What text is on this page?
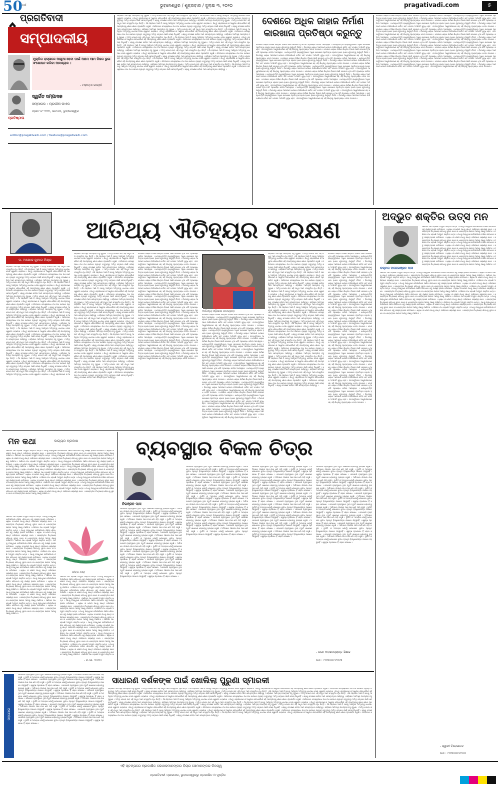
50 ବର୍ଷ	ଭୁବନେଶ୍ୱର / ଶୁକ୍ରବାର / ଜୁଲାଇ ୩, ୨୦୨୦	pragativadi.com	୫
ପ୍ରଗତିବାଦୀ
ସମ୍ପାଦକୀୟ
ମୁକ୍ତିର ରାସ୍ତାରେ ଆଗୁଆ ହେବା ପାଇଁ ଆମେ ଆମ ନିଜର ଭୁଲ ସଂଶୋଧନ କରିବା ଆବଶ୍ୟକ ।
- ମହାତ୍ମା ଗାନ୍ଧୀ
ପ୍ରତିଷ୍ଠାତା
ସ୍ୱର୍ଗତ ସମ୍ପାଦକ
ସମ୍ପାଦକ : ପ୍ରଦୀପ ନାଏକ
ପ୍ଲଟ ନଂ ୧୭୭, ଜନପଥ, ଭୁବନେଶ୍ୱର
editor@pragativadi.com / feature@pragativadi.com
ଓଡ଼ିଶାର ଆତିଥ୍ୟ ପରମ୍ପରା ବହୁ ପୁରୁଣା । ଅତିଥି ଦେବୋ ଭବ ଏହି ମନ୍ତ୍ର ଆମ ସଂସ୍କୃତିର ମୂଳ ଭିତ୍ତି । ଗାଁ ଗହଳିରେ ଆଜି ବି ଘରକୁ ଆସିଥିବା ଅତିଥିଙ୍କୁ ଜଳପାନ ଦେଇ ସ୍ୱାଗତ କରାଯାଏ । କିନ୍ତୁ ସହରୀକରଣ ଓ ଆଧୁନିକ ଜୀବନଶୈଳୀ ଏହି ପରମ୍ପରାକୁ ଧୀରେ ଧୀରେ ପ୍ରଭାବିତ କରୁଛି । ପରିବାରର ସଦସ୍ୟମାନେ ନିଜ ନିଜ କାମରେ ବ୍ୟସ୍ତ ରହୁଥିବାରୁ ଅତିଥି ସତ୍କାର ପାଇଁ ସମୟ ମିଳୁନାହିଁ । ଏହାକୁ ସଂରକ୍ଷଣ କରିବା ଆମ ସମସ୍ତଙ୍କର ଦାୟିତ୍ୱ । ଓଡ଼ିଶାର ଆତିଥ୍ୟ ପରମ୍ପରା ବହୁ ପୁରୁଣା । ଅତିଥି ଦେବୋ ଭବ ଏହି ମନ୍ତ୍ର ଆମ ସଂସ୍କୃତିର ମୂଳ ଭିତ୍ତି । ଗାଁ ଗହଳିରେ ଆଜି ବି ଘରକୁ ଆସିଥିବା ଅତିଥିଙ୍କୁ ଜଳପାନ ଦେଇ ସ୍ୱାଗତ କରାଯାଏ । କିନ୍ତୁ ସହରୀକରଣ ଓ ଆଧୁନିକ ଜୀବନଶୈଳୀ ଏହି ପରମ୍ପରାକୁ ଧୀରେ ଧୀରେ ପ୍ରଭାବିତ କରୁଛି । ପରିବାରର ସଦସ୍ୟମାନେ ନିଜ ନିଜ କାମରେ ବ୍ୟସ୍ତ ରହୁଥିବାରୁ ଅତିଥି ସତ୍କାର ପାଇଁ ସମୟ ମିଳୁନାହିଁ । ଏହାକୁ ସଂରକ୍ଷଣ କରିବା ଆମ ସମସ୍ତଙ୍କର ଦାୟିତ୍ୱ । ଓଡ଼ିଶାର ଆତିଥ୍ୟ ପରମ୍ପରା ବହୁ ପୁରୁଣା । ଅତିଥି ଦେବୋ ଭବ ଏହି ମନ୍ତ୍ର ଆମ ସଂସ୍କୃତିର ମୂଳ ଭିତ୍ତି । ଗାଁ ଗହଳିରେ ଆଜି ବି ଘରକୁ ଆସିଥିବା ଅତିଥିଙ୍କୁ ଜଳପାନ ଦେଇ ସ୍ୱାଗତ କରାଯାଏ । କିନ୍ତୁ ସହରୀକରଣ ଓ ଆଧୁନିକ ଜୀବନଶୈଳୀ ଏହି ପରମ୍ପରାକୁ ଧୀରେ ଧୀରେ ପ୍ରଭାବିତ କରୁଛି । ପରିବାରର ସଦସ୍ୟମାନେ ନିଜ ନିଜ କାମରେ ବ୍ୟସ୍ତ ରହୁଥିବାରୁ ଅତିଥି ସତ୍କାର ପାଇଁ ସମୟ ମିଳୁନାହିଁ । ଏହାକୁ ସଂରକ୍ଷଣ କରିବା ଆମ ସମସ୍ତଙ୍କର ଦାୟିତ୍ୱ । ଓଡ଼ିଶାର ଆତିଥ୍ୟ ପରମ୍ପରା ବହୁ ପୁରୁଣା । ଅତିଥି ଦେବୋ ଭବ ଏହି ମନ୍ତ୍ର ଆମ ସଂସ୍କୃତିର ମୂଳ ଭିତ୍ତି । ଗାଁ ଗହଳିରେ ଆଜି ବି ଘରକୁ ଆସିଥିବା ଅତିଥିଙ୍କୁ ଜଳପାନ ଦେଇ ସ୍ୱାଗତ କରାଯାଏ । କିନ୍ତୁ ସହରୀକରଣ ଓ ଆଧୁନିକ ଜୀବନଶୈଳୀ ଏହି ପରମ୍ପରାକୁ ଧୀରେ ଧୀରେ ପ୍ରଭାବିତ କରୁଛି । ପରିବାରର ସଦସ୍ୟମାନେ ନିଜ ନିଜ କାମରେ ବ୍ୟସ୍ତ ରହୁଥିବାରୁ ଅତିଥି ସତ୍କାର ପାଇଁ ସମୟ ମିଳୁନାହିଁ । ଏହାକୁ ସଂରକ୍ଷଣ କରିବା ଆମ ସମସ୍ତଙ୍କର ଦାୟିତ୍ୱ । ଓଡ଼ିଶାର ଆତିଥ୍ୟ ପରମ୍ପରା ବହୁ ପୁରୁଣା । ଅତିଥି ଦେବୋ ଭବ ଏହି ମନ୍ତ୍ର ଆମ ସଂସ୍କୃତିର ମୂଳ ଭିତ୍ତି । ଗାଁ ଗହଳିରେ ଆଜି ବି ଘରକୁ ଆସିଥିବା ଅତିଥିଙ୍କୁ ଜଳପାନ ଦେଇ ସ୍ୱାଗତ କରାଯାଏ । କିନ୍ତୁ ସହରୀକରଣ ଓ ଆଧୁନିକ ଜୀବନଶୈଳୀ ଏହି ପରମ୍ପରାକୁ ଧୀରେ ଧୀରେ ପ୍ରଭାବିତ କରୁଛି । ପରିବାରର ସଦସ୍ୟମାନେ ନିଜ ନିଜ କାମରେ ବ୍ୟସ୍ତ ରହୁଥିବାରୁ ଅତିଥି ସତ୍କାର ପାଇଁ ସମୟ ମିଳୁନାହିଁ । ଏହାକୁ ସଂରକ୍ଷଣ କରିବା ଆମ ସମସ୍ତଙ୍କର ଦାୟିତ୍ୱ । ଓଡ଼ିଶାର ଆତିଥ୍ୟ ପରମ୍ପରା ବହୁ ପୁରୁଣା । ଅତିଥି ଦେବୋ ଭବ ଏହି ମନ୍ତ୍ର ଆମ ସଂସ୍କୃତିର ମୂଳ ଭିତ୍ତି । ଗାଁ ଗହଳିରେ ଆଜି ବି ଘରକୁ ଆସିଥିବା ଅତିଥିଙ୍କୁ ଜଳପାନ ଦେଇ ସ୍ୱାଗତ କରାଯାଏ । କିନ୍ତୁ ସହରୀକରଣ ଓ ଆଧୁନିକ ଜୀବନଶୈଳୀ ଏହି ପରମ୍ପରାକୁ ଧୀରେ ଧୀରେ ପ୍ରଭାବିତ କରୁଛି । ପରିବାରର ସଦସ୍ୟମାନେ ନିଜ ନିଜ କାମରେ ବ୍ୟସ୍ତ ରହୁଥିବାରୁ ଅତିଥି ସତ୍କାର ପାଇଁ ସମୟ ମିଳୁନାହିଁ । ଏହାକୁ ସଂରକ୍ଷଣ କରିବା ଆମ ସମସ୍ତଙ୍କର ଦାୟିତ୍ୱ । ଓଡ଼ିଶାର ଆତିଥ୍ୟ ପରମ୍ପରା ବହୁ ପୁରୁଣା । ଅତିଥି ଦେବୋ ଭବ ଏହି ମନ୍ତ୍ର ଆମ ସଂସ୍କୃତିର ମୂଳ ଭିତ୍ତି । ଗାଁ ଗହଳିରେ ଆଜି ବି ଘରକୁ ଆସିଥିବା ଅତିଥିଙ୍କୁ ଜଳପାନ ଦେଇ ସ୍ୱାଗତ କରାଯାଏ । କିନ୍ତୁ ସହରୀକରଣ ଓ ଆଧୁନିକ ଜୀବନଶୈଳୀ ଏହି ପରମ୍ପରାକୁ ଧୀରେ ଧୀରେ ପ୍ରଭାବିତ କରୁଛି । ପରିବାରର ସଦସ୍ୟମାନେ ନିଜ ନିଜ କାମରେ ବ୍ୟସ୍ତ ରହୁଥିବାରୁ ଅତିଥି ସତ୍କାର ପାଇଁ ସମୟ ମିଳୁନାହିଁ । ଏହାକୁ ସଂରକ୍ଷଣ କରିବା ଆମ ସମସ୍ତଙ୍କର ଦାୟିତ୍ୱ । ଓଡ଼ିଶାର ଆତିଥ୍ୟ ପରମ୍ପରା ବହୁ ପୁରୁଣା । ଅତିଥି ଦେବୋ ଭବ ଏହି ମନ୍ତ୍ର ଆମ ସଂସ୍କୃତିର ମୂଳ ଭିତ୍ତି । ଗାଁ ଗହଳିରେ ଆଜି ବି ଘରକୁ ଆସିଥିବା ଅତିଥିଙ୍କୁ ଜଳପାନ ଦେଇ ସ୍ୱାଗତ କରାଯାଏ । କିନ୍ତୁ ସହରୀକରଣ ଓ ଆଧୁନିକ ଜୀବନଶୈଳୀ ଏହି ପରମ୍ପରାକୁ ଧୀରେ ଧୀରେ ପ୍ରଭାବିତ କରୁଛି । ପରିବାରର ସଦସ୍ୟମାନେ ନିଜ ନିଜ କାମରେ ବ୍ୟସ୍ତ ରହୁଥିବାରୁ ଅତିଥି ସତ୍କାର ପାଇଁ ସମୟ ମିଳୁନାହିଁ । ଏହାକୁ ସଂରକ୍ଷଣ କରିବା ଆମ ସମସ୍ତଙ୍କର ଦାୟିତ୍ୱ ।
ଦେଶରେ ଅଧିକ ଜାହାଜ ନିର୍ମାଣ
କାରଖାନା ପ୍ରତିଷ୍ଠା କରୁନ୍ତୁ
ଦେଶରେ ଜାହାଜ ନିର୍ମାଣ ଶିଳ୍ପର ବିକାଶ ପାଇଁ ସରକାର ନୂଆ ନୀତି ପ୍ରଣୟନ କରିବା ଆବଶ୍ୟକ । ଉପକୂଳବର୍ତ୍ତୀ ରାଜ୍ୟଗୁଡ଼ିକରେ ଅଧିକ କାରଖାନା ପ୍ରତିଷ୍ଠା ହେଲେ ହଜାର ହଜାର ଯୁବକଙ୍କୁ ନିଯୁକ୍ତି ମିଳିବ । ବିଦେଶରୁ ଜାହାଜ ଆମଦାନୀ ଉପରେ ନିର୍ଭରଶୀଳତା କମିବ ଏବଂ ଦେଶର ଅର୍ଥନୀତି ସୁଦୃଢ଼ ହେବ । ବନ୍ଦରଗୁଡ଼ିକର ଆଧୁନିକୀକରଣ ସହ ଏହି ଶିଳ୍ପକୁ ପ୍ରୋତ୍ସାହନ ଦେବା ଦରକାର । ଦେଶରେ ଜାହାଜ ନିର୍ମାଣ ଶିଳ୍ପର ବିକାଶ ପାଇଁ ସରକାର ନୂଆ ନୀତି ପ୍ରଣୟନ କରିବା ଆବଶ୍ୟକ । ଉପକୂଳବର୍ତ୍ତୀ ରାଜ୍ୟଗୁଡ଼ିକରେ ଅଧିକ କାରଖାନା ପ୍ରତିଷ୍ଠା ହେଲେ ହଜାର ହଜାର ଯୁବକଙ୍କୁ ନିଯୁକ୍ତି ମିଳିବ । ବିଦେଶରୁ ଜାହାଜ ଆମଦାନୀ ଉପରେ ନିର୍ଭରଶୀଳତା କମିବ ଏବଂ ଦେଶର ଅର୍ଥନୀତି ସୁଦୃଢ଼ ହେବ । ବନ୍ଦରଗୁଡ଼ିକର ଆଧୁନିକୀକରଣ ସହ ଏହି ଶିଳ୍ପକୁ ପ୍ରୋତ୍ସାହନ ଦେବା ଦରକାର । ଦେଶରେ ଜାହାଜ ନିର୍ମାଣ ଶିଳ୍ପର ବିକାଶ ପାଇଁ ସରକାର ନୂଆ ନୀତି ପ୍ରଣୟନ କରିବା ଆବଶ୍ୟକ । ଉପକୂଳବର୍ତ୍ତୀ ରାଜ୍ୟଗୁଡ଼ିକରେ ଅଧିକ କାରଖାନା ପ୍ରତିଷ୍ଠା ହେଲେ ହଜାର ହଜାର ଯୁବକଙ୍କୁ ନିଯୁକ୍ତି ମିଳିବ । ବିଦେଶରୁ ଜାହାଜ ଆମଦାନୀ ଉପରେ ନିର୍ଭରଶୀଳତା କମିବ ଏବଂ ଦେଶର ଅର୍ଥନୀତି ସୁଦୃଢ଼ ହେବ । ବନ୍ଦରଗୁଡ଼ିକର ଆଧୁନିକୀକରଣ ସହ ଏହି ଶିଳ୍ପକୁ ପ୍ରୋତ୍ସାହନ ଦେବା ଦରକାର । ଦେଶରେ ଜାହାଜ ନିର୍ମାଣ ଶିଳ୍ପର ବିକାଶ ପାଇଁ ସରକାର ନୂଆ ନୀତି ପ୍ରଣୟନ କରିବା ଆବଶ୍ୟକ । ଉପକୂଳବର୍ତ୍ତୀ ରାଜ୍ୟଗୁଡ଼ିକରେ ଅଧିକ କାରଖାନା ପ୍ରତିଷ୍ଠା ହେଲେ ହଜାର ହଜାର ଯୁବକଙ୍କୁ ନିଯୁକ୍ତି ମିଳିବ । ବିଦେଶରୁ ଜାହାଜ ଆମଦାନୀ ଉପରେ ନିର୍ଭରଶୀଳତା କମିବ ଏବଂ ଦେଶର ଅର୍ଥନୀତି ସୁଦୃଢ଼ ହେବ । ବନ୍ଦରଗୁଡ଼ିକର ଆଧୁନିକୀକରଣ ସହ ଏହି ଶିଳ୍ପକୁ ପ୍ରୋତ୍ସାହନ ଦେବା ଦରକାର । ଦେଶରେ ଜାହାଜ ନିର୍ମାଣ ଶିଳ୍ପର ବିକାଶ ପାଇଁ ସରକାର ନୂଆ ନୀତି ପ୍ରଣୟନ କରିବା ଆବଶ୍ୟକ । ଉପକୂଳବର୍ତ୍ତୀ ରାଜ୍ୟଗୁଡ଼ିକରେ ଅଧିକ କାରଖାନା ପ୍ରତିଷ୍ଠା ହେଲେ ହଜାର ହଜାର ଯୁବକଙ୍କୁ ନିଯୁକ୍ତି ମିଳିବ । ବିଦେଶରୁ ଜାହାଜ ଆମଦାନୀ ଉପରେ ନିର୍ଭରଶୀଳତା କମିବ ଏବଂ ଦେଶର ଅର୍ଥନୀତି ସୁଦୃଢ଼ ହେବ । ବନ୍ଦରଗୁଡ଼ିକର ଆଧୁନିକୀକରଣ ସହ ଏହି ଶିଳ୍ପକୁ ପ୍ରୋତ୍ସାହନ ଦେବା ଦରକାର । ଦେଶରେ ଜାହାଜ ନିର୍ମାଣ ଶିଳ୍ପର ବିକାଶ ପାଇଁ ସରକାର ନୂଆ ନୀତି ପ୍ରଣୟନ କରିବା ଆବଶ୍ୟକ । ଉପକୂଳବର୍ତ୍ତୀ ରାଜ୍ୟଗୁଡ଼ିକରେ ଅଧିକ କାରଖାନା ପ୍ରତିଷ୍ଠା ହେଲେ ହଜାର ହଜାର ଯୁବକଙ୍କୁ ନିଯୁକ୍ତି ମିଳିବ । ବିଦେଶରୁ ଜାହାଜ ଆମଦାନୀ ଉପରେ ନିର୍ଭରଶୀଳତା କମିବ ଏବଂ ଦେଶର ଅର୍ଥନୀତି ସୁଦୃଢ଼ ହେବ । ବନ୍ଦରଗୁଡ଼ିକର ଆଧୁନିକୀକରଣ ସହ ଏହି ଶିଳ୍ପକୁ ପ୍ରୋତ୍ସାହନ ଦେବା ଦରକାର । ଦେଶରେ ଜାହାଜ ନିର୍ମାଣ ଶିଳ୍ପର ବିକାଶ ପାଇଁ ସରକାର ନୂଆ ନୀତି ପ୍ରଣୟନ କରିବା ଆବଶ୍ୟକ । ଉପକୂଳବର୍ତ୍ତୀ ରାଜ୍ୟଗୁଡ଼ିକରେ ଅଧିକ କାରଖାନା ପ୍ରତିଷ୍ଠା ହେଲେ ହଜାର ହଜାର ଯୁବକଙ୍କୁ ନିଯୁକ୍ତି ମିଳିବ । ବିଦେଶରୁ ଜାହାଜ ଆମଦାନୀ ଉପରେ ନିର୍ଭରଶୀଳତା କମିବ ଏବଂ ଦେଶର ଅର୍ଥନୀତି ସୁଦୃଢ଼ ହେବ । ବନ୍ଦରଗୁଡ଼ିକର ଆଧୁନିକୀକରଣ ସହ ଏହି ଶିଳ୍ପକୁ ପ୍ରୋତ୍ସାହନ ଦେବା ଦରକାର । ଦେଶରେ ଜାହାଜ ନିର୍ମାଣ ଶିଳ୍ପର ବିକାଶ ପାଇଁ ସରକାର ନୂଆ ନୀତି ପ୍ରଣୟନ କରିବା ଆବଶ୍ୟକ । ଉପକୂଳବର୍ତ୍ତୀ ରାଜ୍ୟଗୁଡ଼ିକରେ ଅଧିକ କାରଖାନା ପ୍ରତିଷ୍ଠା ହେଲେ ହଜାର ହଜାର ଯୁବକଙ୍କୁ ନିଯୁକ୍ତି ମିଳିବ । ବିଦେଶରୁ ଜାହାଜ ଆମଦାନୀ ଉପରେ ନିର୍ଭରଶୀଳତା କମିବ ଏବଂ ଦେଶର ଅର୍ଥନୀତି ସୁଦୃଢ଼ ହେବ । ବନ୍ଦରଗୁଡ଼ିକର ଆଧୁନିକୀକରଣ ସହ ଏହି ଶିଳ୍ପକୁ ପ୍ରୋତ୍ସାହନ ଦେବା ଦରକାର ।
ଦେଶରେ ଜାହାଜ ନିର୍ମାଣ ଶିଳ୍ପର ବିକାଶ ପାଇଁ ସରକାର ନୂଆ ନୀତି ପ୍ରଣୟନ କରିବା ଆବଶ୍ୟକ । ଉପକୂଳବର୍ତ୍ତୀ ରାଜ୍ୟଗୁଡ଼ିକରେ ଅଧିକ କାରଖାନା ପ୍ରତିଷ୍ଠା ହେଲେ ହଜାର ହଜାର ଯୁବକଙ୍କୁ ନିଯୁକ୍ତି ମିଳିବ । ବିଦେଶରୁ ଜାହାଜ ଆମଦାନୀ ଉପରେ ନିର୍ଭରଶୀଳତା କମିବ ଏବଂ ଦେଶର ଅର୍ଥନୀତି ସୁଦୃଢ଼ ହେବ । ବନ୍ଦରଗୁଡ଼ିକର ଆଧୁନିକୀକରଣ ସହ ଏହି ଶିଳ୍ପକୁ ପ୍ରୋତ୍ସାହନ ଦେବା ଦରକାର । ଦେଶରେ ଜାହାଜ ନିର୍ମାଣ ଶିଳ୍ପର ବିକାଶ ପାଇଁ ସରକାର ନୂଆ ନୀତି ପ୍ରଣୟନ କରିବା ଆବଶ୍ୟକ । ଉପକୂଳବର୍ତ୍ତୀ ରାଜ୍ୟଗୁଡ଼ିକରେ ଅଧିକ କାରଖାନା ପ୍ରତିଷ୍ଠା ହେଲେ ହଜାର ହଜାର ଯୁବକଙ୍କୁ ନିଯୁକ୍ତି ମିଳିବ । ବିଦେଶରୁ ଜାହାଜ ଆମଦାନୀ ଉପରେ ନିର୍ଭରଶୀଳତା କମିବ ଏବଂ ଦେଶର ଅର୍ଥନୀତି ସୁଦୃଢ଼ ହେବ । ବନ୍ଦରଗୁଡ଼ିକର ଆଧୁନିକୀକରଣ ସହ ଏହି ଶିଳ୍ପକୁ ପ୍ରୋତ୍ସାହନ ଦେବା ଦରକାର । ଦେଶରେ ଜାହାଜ ନିର୍ମାଣ ଶିଳ୍ପର ବିକାଶ ପାଇଁ ସରକାର ନୂଆ ନୀତି ପ୍ରଣୟନ କରିବା ଆବଶ୍ୟକ । ଉପକୂଳବର୍ତ୍ତୀ ରାଜ୍ୟଗୁଡ଼ିକରେ ଅଧିକ କାରଖାନା ପ୍ରତିଷ୍ଠା ହେଲେ ହଜାର ହଜାର ଯୁବକଙ୍କୁ ନିଯୁକ୍ତି ମିଳିବ । ବିଦେଶରୁ ଜାହାଜ ଆମଦାନୀ ଉପରେ ନିର୍ଭରଶୀଳତା କମିବ ଏବଂ ଦେଶର ଅର୍ଥନୀତି ସୁଦୃଢ଼ ହେବ । ବନ୍ଦରଗୁଡ଼ିକର ଆଧୁନିକୀକରଣ ସହ ଏହି ଶିଳ୍ପକୁ ପ୍ରୋତ୍ସାହନ ଦେବା ଦରକାର । ଦେଶରେ ଜାହାଜ ନିର୍ମାଣ ଶିଳ୍ପର ବିକାଶ ପାଇଁ ସରକାର ନୂଆ ନୀତି ପ୍ରଣୟନ କରିବା ଆବଶ୍ୟକ । ଉପକୂଳବର୍ତ୍ତୀ ରାଜ୍ୟଗୁଡ଼ିକରେ ଅଧିକ କାରଖାନା ପ୍ରତିଷ୍ଠା ହେଲେ ହଜାର ହଜାର ଯୁବକଙ୍କୁ ନିଯୁକ୍ତି ମିଳିବ । ବିଦେଶରୁ ଜାହାଜ ଆମଦାନୀ ଉପରେ ନିର୍ଭରଶୀଳତା କମିବ ଏବଂ ଦେଶର ଅର୍ଥନୀତି ସୁଦୃଢ଼ ହେବ । ବନ୍ଦରଗୁଡ଼ିକର ଆଧୁନିକୀକରଣ ସହ ଏହି ଶିଳ୍ପକୁ ପ୍ରୋତ୍ସାହନ ଦେବା ଦରକାର । ଦେଶରେ ଜାହାଜ ନିର୍ମାଣ ଶିଳ୍ପର ବିକାଶ ପାଇଁ ସରକାର ନୂଆ ନୀତି ପ୍ରଣୟନ କରିବା ଆବଶ୍ୟକ । ଉପକୂଳବର୍ତ୍ତୀ ରାଜ୍ୟଗୁଡ଼ିକରେ ଅଧିକ କାରଖାନା ପ୍ରତିଷ୍ଠା ହେଲେ ହଜାର ହଜାର ଯୁବକଙ୍କୁ ନିଯୁକ୍ତି ମିଳିବ । ବିଦେଶରୁ ଜାହାଜ ଆମଦାନୀ ଉପରେ ନିର୍ଭରଶୀଳତା କମିବ ଏବଂ ଦେଶର ଅର୍ଥନୀତି ସୁଦୃଢ଼ ହେବ । ବନ୍ଦରଗୁଡ଼ିକର ଆଧୁନିକୀକରଣ ସହ ଏହି ଶିଳ୍ପକୁ ପ୍ରୋତ୍ସାହନ ଦେବା ଦରକାର । ଦେଶରେ ଜାହାଜ ନିର୍ମାଣ ଶିଳ୍ପର ବିକାଶ ପାଇଁ ସରକାର ନୂଆ ନୀତି ପ୍ରଣୟନ କରିବା ଆବଶ୍ୟକ । ଉପକୂଳବର୍ତ୍ତୀ ରାଜ୍ୟଗୁଡ଼ିକରେ ଅଧିକ କାରଖାନା ପ୍ରତିଷ୍ଠା ହେଲେ ହଜାର ହଜାର ଯୁବକଙ୍କୁ ନିଯୁକ୍ତି ମିଳିବ । ବିଦେଶରୁ ଜାହାଜ ଆମଦାନୀ ଉପରେ ନିର୍ଭରଶୀଳତା କମିବ ଏବଂ ଦେଶର ଅର୍ଥନୀତି ସୁଦୃଢ଼ ହେବ । ବନ୍ଦରଗୁଡ଼ିକର ଆଧୁନିକୀକରଣ ସହ ଏହି ଶିଳ୍ପକୁ ପ୍ରୋତ୍ସାହନ ଦେବା ଦରକାର । ଦେଶରେ ଜାହାଜ ନିର୍ମାଣ ଶିଳ୍ପର ବିକାଶ ପାଇଁ ସରକାର ନୂଆ ନୀତି ପ୍ରଣୟନ କରିବା ଆବଶ୍ୟକ । ଉପକୂଳବର୍ତ୍ତୀ ରାଜ୍ୟଗୁଡ଼ିକରେ ଅଧିକ କାରଖାନା ପ୍ରତିଷ୍ଠା ହେଲେ ହଜାର ହଜାର ଯୁବକଙ୍କୁ ନିଯୁକ୍ତି ମିଳିବ । ବିଦେଶରୁ ଜାହାଜ ଆମଦାନୀ ଉପରେ ନିର୍ଭରଶୀଳତା କମିବ ଏବଂ ଦେଶର ଅର୍ଥନୀତି ସୁଦୃଢ଼ ହେବ । ବନ୍ଦରଗୁଡ଼ିକର ଆଧୁନିକୀକରଣ ସହ ଏହି ଶିଳ୍ପକୁ ପ୍ରୋତ୍ସାହନ ଦେବା ଦରକାର । ଦେଶରେ ଜାହାଜ ନିର୍ମାଣ ଶିଳ୍ପର ବିକାଶ ପାଇଁ ସରକାର ନୂଆ ନୀତି ପ୍ରଣୟନ କରିବା ଆବଶ୍ୟକ । ଉପକୂଳବର୍ତ୍ତୀ ରାଜ୍ୟଗୁଡ଼ିକରେ ଅଧିକ କାରଖାନା ପ୍ରତିଷ୍ଠା ହେଲେ ହଜାର ହଜାର ଯୁବକଙ୍କୁ ନିଯୁକ୍ତି ମିଳିବ । ବିଦେଶରୁ ଜାହାଜ ଆମଦାନୀ ଉପରେ ନିର୍ଭରଶୀଳତା କମିବ ଏବଂ ଦେଶର ଅର୍ଥନୀତି ସୁଦୃଢ଼ ହେବ । ବନ୍ଦରଗୁଡ଼ିକର ଆଧୁନିକୀକରଣ ସହ ଏହି ଶିଳ୍ପକୁ ପ୍ରୋତ୍ସାହନ ଦେବା ଦରକାର ।
ଡ. ଅଶୋକ କୁମାର ମିଶ୍ର
ଆତିଥ୍ୟ ଐତିହ୍ୟର ସଂରକ୍ଷଣ
ଓଡ଼ିଶାର ଆତିଥ୍ୟ ପରମ୍ପରା ବହୁ ପୁରୁଣା । ଅତିଥି ଦେବୋ ଭବ ଏହି ମନ୍ତ୍ର ଆମ ସଂସ୍କୃତିର ମୂଳ ଭିତ୍ତି । ଗାଁ ଗହଳିରେ ଆଜି ବି ଘରକୁ ଆସିଥିବା ଅତିଥିଙ୍କୁ ଜଳପାନ ଦେଇ ସ୍ୱାଗତ କରାଯାଏ । କିନ୍ତୁ ସହରୀକରଣ ଓ ଆଧୁନିକ ଜୀବନଶୈଳୀ ଏହି ପରମ୍ପରାକୁ ଧୀରେ ଧୀରେ ପ୍ରଭାବିତ କରୁଛି । ପରିବାରର ସଦସ୍ୟମାନେ ନିଜ ନିଜ କାମରେ ବ୍ୟସ୍ତ ରହୁଥିବାରୁ ଅତିଥି ସତ୍କାର ପାଇଁ ସମୟ ମିଳୁନାହିଁ । ଏହାକୁ ସଂରକ୍ଷଣ କରିବା ଆମ ସମସ୍ତଙ୍କର ଦାୟିତ୍ୱ । ଓଡ଼ିଶାର ଆତିଥ୍ୟ ପରମ୍ପରା ବହୁ ପୁରୁଣା । ଅତିଥି ଦେବୋ ଭବ ଏହି ମନ୍ତ୍ର ଆମ ସଂସ୍କୃତିର ମୂଳ ଭିତ୍ତି । ଗାଁ ଗହଳିରେ ଆଜି ବି ଘରକୁ ଆସିଥିବା ଅତିଥିଙ୍କୁ ଜଳପାନ ଦେଇ ସ୍ୱାଗତ କରାଯାଏ । କିନ୍ତୁ ସହରୀକରଣ ଓ ଆଧୁନିକ ଜୀବନଶୈଳୀ ଏହି ପରମ୍ପରାକୁ ଧୀରେ ଧୀରେ ପ୍ରଭାବିତ କରୁଛି । ପରିବାରର ସଦସ୍ୟମାନେ ନିଜ ନିଜ କାମରେ ବ୍ୟସ୍ତ ରହୁଥିବାରୁ ଅତିଥି ସତ୍କାର ପାଇଁ ସମୟ ମିଳୁନାହିଁ । ଏହାକୁ ସଂରକ୍ଷଣ କରିବା ଆମ ସମସ୍ତଙ୍କର ଦାୟିତ୍ୱ । ଓଡ଼ିଶାର ଆତିଥ୍ୟ ପରମ୍ପରା ବହୁ ପୁରୁଣା । ଅତିଥି ଦେବୋ ଭବ ଏହି ମନ୍ତ୍ର ଆମ ସଂସ୍କୃତିର ମୂଳ ଭିତ୍ତି । ଗାଁ ଗହଳିରେ ଆଜି ବି ଘରକୁ ଆସିଥିବା ଅତିଥିଙ୍କୁ ଜଳପାନ ଦେଇ ସ୍ୱାଗତ କରାଯାଏ । କିନ୍ତୁ ସହରୀକରଣ ଓ ଆଧୁନିକ ଜୀବନଶୈଳୀ ଏହି ପରମ୍ପରାକୁ ଧୀରେ ଧୀରେ ପ୍ରଭାବିତ କରୁଛି । ପରିବାରର ସଦସ୍ୟମାନେ ନିଜ ନିଜ କାମରେ ବ୍ୟସ୍ତ ରହୁଥିବାରୁ ଅତିଥି ସତ୍କାର ପାଇଁ ସମୟ ମିଳୁନାହିଁ । ଏହାକୁ ସଂରକ୍ଷଣ କରିବା ଆମ ସମସ୍ତଙ୍କର ଦାୟିତ୍ୱ । ଓଡ଼ିଶାର ଆତିଥ୍ୟ ପରମ୍ପରା ବହୁ ପୁରୁଣା । ଅତିଥି ଦେବୋ ଭବ ଏହି ମନ୍ତ୍ର ଆମ ସଂସ୍କୃତିର ମୂଳ ଭିତ୍ତି । ଗାଁ ଗହଳିରେ ଆଜି ବି ଘରକୁ ଆସିଥିବା ଅତିଥିଙ୍କୁ ଜଳପାନ ଦେଇ ସ୍ୱାଗତ କରାଯାଏ । କିନ୍ତୁ ସହରୀକରଣ ଓ ଆଧୁନିକ ଜୀବନଶୈଳୀ ଏହି ପରମ୍ପରାକୁ ଧୀରେ ଧୀରେ ପ୍ରଭାବିତ କରୁଛି । ପରିବାରର ସଦସ୍ୟମାନେ ନିଜ ନିଜ କାମରେ ବ୍ୟସ୍ତ ରହୁଥିବାରୁ ଅତିଥି ସତ୍କାର ପାଇଁ ସମୟ ମିଳୁନାହିଁ । ଏହାକୁ ସଂରକ୍ଷଣ କରିବା ଆମ ସମସ୍ତଙ୍କର ଦାୟିତ୍ୱ । ଓଡ଼ିଶାର ଆତିଥ୍ୟ ପରମ୍ପରା ବହୁ ପୁରୁଣା । ଅତିଥି ଦେବୋ ଭବ ଏହି ମନ୍ତ୍ର ଆମ ସଂସ୍କୃତିର ମୂଳ ଭିତ୍ତି । ଗାଁ ଗହଳିରେ ଆଜି ବି ଘରକୁ ଆସିଥିବା ଅତିଥିଙ୍କୁ ଜଳପାନ ଦେଇ ସ୍ୱାଗତ କରାଯାଏ । କିନ୍ତୁ ସହରୀକରଣ ଓ ଆଧୁନିକ ଜୀବନଶୈଳୀ ଏହି ପରମ୍ପରାକୁ ଧୀରେ ଧୀରେ ପ୍ରଭାବିତ କରୁଛି । ପରିବାରର ସଦସ୍ୟମାନେ ନିଜ ନିଜ କାମରେ ବ୍ୟସ୍ତ ରହୁଥିବାରୁ ଅତିଥି ସତ୍କାର ପାଇଁ ସମୟ ମିଳୁନାହିଁ । ଏହାକୁ ସଂରକ୍ଷଣ କରିବା ଆମ ସମସ୍ତଙ୍କର ଦାୟିତ୍ୱ । ଓଡ଼ିଶାର ଆତିଥ୍ୟ ପରମ୍ପରା ବହୁ ପୁରୁଣା । ଅତିଥି ଦେବୋ ଭବ ଏହି ମନ୍ତ୍ର ଆମ ସଂସ୍କୃତିର ମୂଳ ଭିତ୍ତି । ଗାଁ ଗହଳିରେ ଆଜି ବି ଘରକୁ ଆସିଥିବା ଅତିଥିଙ୍କୁ ଜଳପାନ ଦେଇ ସ୍ୱାଗତ କରାଯାଏ । କିନ୍ତୁ ସହରୀକରଣ ଓ ଆଧୁନିକ ଜୀବନଶୈଳୀ ଏହି ପରମ୍ପରାକୁ ଧୀରେ ଧୀରେ ପ୍ରଭାବିତ କରୁଛି । ପରିବାରର ସଦସ୍ୟମାନେ ନିଜ ନିଜ କାମରେ ବ୍ୟସ୍ତ ରହୁଥିବାରୁ ଅତିଥି ସତ୍କାର ପାଇଁ ସମୟ ମିଳୁନାହିଁ । ଏହାକୁ ସଂରକ୍ଷଣ କରିବା ଆମ ସମସ୍ତଙ୍କର ଦାୟିତ୍ୱ । ଓଡ଼ିଶାର ଆତିଥ୍ୟ ପରମ୍ପରା ବହୁ ପୁରୁଣା । ଅତିଥି ଦେବୋ ଭବ ଏହି ମନ୍ତ୍ର ଆମ ସଂସ୍କୃତିର ମୂଳ ଭିତ୍ତି । ଗାଁ ଗହଳିରେ ଆଜି ବି ଘରକୁ ଆସିଥିବା ଅତିଥିଙ୍କୁ ଜଳପାନ ଦେଇ ସ୍ୱାଗତ କରାଯାଏ । କିନ୍ତୁ ସହରୀକରଣ ଓ ଆଧୁନିକ ଜୀବନଶୈଳୀ ଏହି ପରମ୍ପରାକୁ ଧୀରେ ଧୀରେ ପ୍ରଭାବିତ କରୁଛି । ପରିବାରର ସଦସ୍ୟମାନେ ନିଜ ନିଜ କାମରେ ବ୍ୟସ୍ତ ରହୁଥିବାରୁ ଅତିଥି ସତ୍କାର ପାଇଁ ସମୟ ମିଳୁନାହିଁ । ଏହାକୁ ସଂରକ୍ଷଣ କରିବା ଆମ ସମସ୍ତଙ୍କର ଦାୟିତ୍ୱ । ଓଡ଼ିଶାର ଆତିଥ୍ୟ ପରମ୍ପରା ବହୁ ପୁରୁଣା । ଅତିଥି ଦେବୋ ଭବ ଏହି ମନ୍ତ୍ର ଆମ ସଂସ୍କୃତିର ମୂଳ ଭିତ୍ତି । ଗାଁ ଗହଳିରେ ଆଜି ବି ଘରକୁ ଆସିଥିବା ଅତିଥିଙ୍କୁ ଜଳପାନ ଦେଇ ସ୍ୱାଗତ କରାଯାଏ । କିନ୍ତୁ ସହରୀକରଣ ଓ ଆ
ଓଡ଼ିଶାର ଆତିଥ୍ୟ ପରମ୍ପରା ବହୁ ପୁରୁଣା । ଅତିଥି ଦେବୋ ଭବ ଏହି ମନ୍ତ୍ର ଆମ ସଂସ୍କୃତିର ମୂଳ ଭିତ୍ତି । ଗାଁ ଗହଳିରେ ଆଜି ବି ଘରକୁ ଆସିଥିବା ଅତିଥିଙ୍କୁ ଜଳପାନ ଦେଇ ସ୍ୱାଗତ କରାଯାଏ । କିନ୍ତୁ ସହରୀକରଣ ଓ ଆଧୁନିକ ଜୀବନଶୈଳୀ ଏହି ପରମ୍ପରାକୁ ଧୀରେ ଧୀରେ ପ୍ରଭାବିତ କରୁଛି । ପରିବାରର ସଦସ୍ୟମାନେ ନିଜ ନିଜ କାମରେ ବ୍ୟସ୍ତ ରହୁଥିବାରୁ ଅତିଥି ସତ୍କାର ପାଇଁ ସମୟ ମିଳୁନାହିଁ । ଏହାକୁ ସଂରକ୍ଷଣ କରିବା ଆମ ସମସ୍ତଙ୍କର ଦାୟିତ୍ୱ । ଓଡ଼ିଶାର ଆତିଥ୍ୟ ପରମ୍ପରା ବହୁ ପୁରୁଣା । ଅତିଥି ଦେବୋ ଭବ ଏହି ମନ୍ତ୍ର ଆମ ସଂସ୍କୃତିର ମୂଳ ଭିତ୍ତି । ଗାଁ ଗହଳିରେ ଆଜି ବି ଘରକୁ ଆସିଥିବା ଅତିଥିଙ୍କୁ ଜଳପାନ ଦେଇ ସ୍ୱାଗତ କରାଯାଏ । କିନ୍ତୁ ସହରୀକରଣ ଓ ଆଧୁନିକ ଜୀବନଶୈଳୀ ଏହି ପରମ୍ପରାକୁ ଧୀରେ ଧୀରେ ପ୍ରଭାବିତ କରୁଛି । ପରିବାରର ସଦସ୍ୟମାନେ ନିଜ ନିଜ କାମରେ ବ୍ୟସ୍ତ ରହୁଥିବାରୁ ଅତିଥି ସତ୍କାର ପାଇଁ ସମୟ ମିଳୁନାହିଁ । ଏହାକୁ ସଂରକ୍ଷଣ କରିବା ଆମ ସମସ୍ତଙ୍କର ଦାୟିତ୍ୱ । ଓଡ଼ିଶାର ଆତିଥ୍ୟ ପରମ୍ପରା ବହୁ ପୁରୁଣା । ଅତିଥି ଦେବୋ ଭବ ଏହି ମନ୍ତ୍ର ଆମ ସଂସ୍କୃତିର ମୂଳ ଭିତ୍ତି । ଗାଁ ଗହଳିରେ ଆଜି ବି ଘରକୁ ଆସିଥିବା ଅତିଥିଙ୍କୁ ଜଳପାନ ଦେଇ ସ୍ୱାଗତ କରାଯାଏ । କିନ୍ତୁ ସହରୀକରଣ ଓ ଆଧୁନିକ ଜୀବନଶୈଳୀ ଏହି ପରମ୍ପରାକୁ ଧୀରେ ଧୀରେ ପ୍ରଭାବିତ କରୁଛି । ପରିବାରର ସଦସ୍ୟମାନେ ନିଜ ନିଜ କାମରେ ବ୍ୟସ୍ତ ରହୁଥିବାରୁ ଅତିଥି ସତ୍କାର ପାଇଁ ସମୟ ମିଳୁନାହିଁ । ଏହାକୁ ସଂରକ୍ଷଣ କରିବା ଆମ ସମସ୍ତଙ୍କର ଦାୟିତ୍ୱ । ଓଡ଼ିଶାର ଆତିଥ୍ୟ ପରମ୍ପରା ବହୁ ପୁରୁଣା । ଅତିଥି ଦେବୋ ଭବ ଏହି ମନ୍ତ୍ର ଆମ ସଂସ୍କୃତିର ମୂଳ ଭିତ୍ତି । ଗାଁ ଗହଳିରେ ଆଜି ବି ଘରକୁ ଆସିଥିବା ଅତିଥିଙ୍କୁ ଜଳପାନ ଦେଇ ସ୍ୱାଗତ କରାଯାଏ । କିନ୍ତୁ ସହରୀକରଣ ଓ ଆଧୁନିକ ଜୀବନଶୈଳୀ ଏହି ପରମ୍ପରାକୁ ଧୀରେ ଧୀରେ ପ୍ରଭାବିତ କରୁଛି । ପରିବାରର ସଦସ୍ୟମାନେ ନିଜ ନିଜ କାମରେ ବ୍ୟସ୍ତ ରହୁଥିବାରୁ ଅତିଥି ସତ୍କାର ପାଇଁ ସମୟ ମିଳୁନାହିଁ । ଏହାକୁ ସଂରକ୍ଷଣ କରିବା ଆମ ସମସ୍ତଙ୍କର ଦାୟିତ୍ୱ । ଓଡ଼ିଶାର ଆତିଥ୍ୟ ପରମ୍ପରା ବହୁ ପୁରୁଣା । ଅତିଥି ଦେବୋ ଭବ ଏହି ମନ୍ତ୍ର ଆମ ସଂସ୍କୃତିର ମୂଳ ଭିତ୍ତି । ଗାଁ ଗହଳିରେ ଆଜି ବି ଘରକୁ ଆସିଥିବା ଅତିଥିଙ୍କୁ ଜଳପାନ ଦେଇ ସ୍ୱାଗତ କରାଯାଏ । କିନ୍ତୁ ସହରୀକରଣ ଓ ଆଧୁନିକ ଜୀବନଶୈଳୀ ଏହି ପରମ୍ପରାକୁ ଧୀରେ ଧୀରେ ପ୍ରଭାବିତ କରୁଛି । ପରିବାରର ସଦସ୍ୟମାନେ ନିଜ ନିଜ କାମରେ ବ୍ୟସ୍ତ ରହୁଥିବାରୁ ଅତିଥି ସତ୍କାର ପାଇଁ ସମୟ ମିଳୁନାହିଁ । ଏହାକୁ ସଂରକ୍ଷଣ କରିବା ଆମ ସମସ୍ତଙ୍କର ଦାୟିତ୍ୱ । ଓଡ଼ିଶାର ଆତିଥ୍ୟ ପରମ୍ପରା ବହୁ ପୁରୁଣା । ଅତିଥି ଦେବୋ ଭବ ଏହି ମନ୍ତ୍ର ଆମ ସଂସ୍କୃତିର ମୂଳ ଭିତ୍ତି । ଗାଁ ଗହଳିରେ ଆଜି ବି ଘରକୁ ଆସିଥିବା ଅତିଥିଙ୍କୁ ଜଳପାନ ଦେଇ ସ୍ୱାଗତ କରାଯାଏ । କିନ୍ତୁ ସହରୀକରଣ ଓ ଆଧୁନିକ ଜୀବନଶୈଳୀ ଏହି ପରମ୍ପରାକୁ ଧୀରେ ଧୀରେ ପ୍ରଭାବିତ କରୁଛି । ପରିବାରର ସଦସ୍ୟମାନେ ନିଜ ନିଜ କାମରେ ବ୍ୟସ୍ତ ରହୁଥିବାରୁ ଅତିଥି ସତ୍କାର ପାଇଁ ସମୟ ମିଳୁନାହିଁ । ଏହାକୁ ସଂରକ୍ଷଣ କରିବା ଆମ ସମସ୍ତଙ୍କର ଦାୟିତ୍ୱ । ଓଡ଼ିଶାର ଆତିଥ୍ୟ ପରମ୍ପରା ବହୁ ପୁରୁଣା । ଅତିଥି ଦେବୋ ଭବ ଏହି ମନ୍ତ୍ର ଆମ ସଂସ୍କୃତିର ମୂଳ ଭିତ୍ତି । ଗାଁ ଗହଳିରେ ଆଜି ବି ଘରକୁ ଆସିଥିବା ଅତିଥିଙ୍କୁ ଜଳପାନ ଦେଇ ସ୍ୱାଗତ କରାଯାଏ । କିନ୍ତୁ ସହରୀକରଣ ଓ ଆଧୁନିକ ଜୀବନଶୈଳୀ ଏହି ପରମ୍ପରାକୁ ଧୀରେ ଧୀରେ ପ୍ରଭାବିତ କରୁଛି । ପରିବାରର ସଦସ୍ୟମାନେ ନିଜ ନିଜ କାମରେ ବ୍ୟସ୍ତ ରହୁଥିବାରୁ ଅତିଥି ସତ୍କାର ପାଇଁ ସମୟ ମିଳୁନାହିଁ । ଏହାକୁ ସଂରକ୍ଷଣ କରିବା ଆମ ସମସ୍ତଙ୍କର ଦାୟିତ୍ୱ । ଓଡ଼ିଶାର ଆତିଥ୍ୟ ପରମ୍ପରା ବହୁ ପୁରୁଣା । ଅତିଥି ଦେବୋ ଭବ ଏହି ମନ୍ତ୍ର ଆମ ସଂସ୍କୃତିର ମୂଳ ଭିତ୍ତି । ଗାଁ ଗହଳିରେ ଆଜି ବି ଘରକୁ ଆସିଥିବା ଅତିଥିଙ୍କୁ ଜଳପାନ ଦେଇ ସ୍ୱାଗତ କରାଯାଏ । କିନ୍ତୁ ସହରୀକରଣ ଓ ଆଧୁନିକ ଜୀବନଶୈଳୀ ଏହି ପରମ୍ପରାକୁ ଧୀରେ ଧୀରେ ପ୍ରଭାବିତ କରୁଛି । ପରିବାରର ସଦସ୍ୟମାନେ ନିଜ ନିଜ କାମରେ ବ୍ୟସ୍ତ ରହୁଥିବାରୁ ଅତିଥି ସତ୍କାର ପାଇଁ ସମୟ ମିଳୁନାହିଁ । ଏହାକୁ ସଂରକ୍ଷଣ କରିବା ଆମ ସମସ୍ତଙ୍କର ଦାୟିତ୍ୱ ।
ଦେଶରେ ଜାହାଜ ନିର୍ମାଣ ଶିଳ୍ପର ବିକାଶ ପାଇଁ ସରକାର ନୂଆ ନୀତି ପ୍ରଣୟନ କରିବା ଆବଶ୍ୟକ । ଉପକୂଳବର୍ତ୍ତୀ ରାଜ୍ୟଗୁଡ଼ିକରେ ଅଧିକ କାରଖାନା ପ୍ରତିଷ୍ଠା ହେଲେ ହଜାର ହଜାର ଯୁବକଙ୍କୁ ନିଯୁକ୍ତି ମିଳିବ । ବିଦେଶରୁ ଜାହାଜ ଆମଦାନୀ ଉପରେ ନିର୍ଭରଶୀଳତା କମିବ ଏବଂ ଦେଶର ଅର୍ଥନୀତି ସୁଦୃଢ଼ ହେବ । ବନ୍ଦରଗୁଡ଼ିକର ଆଧୁନିକୀକରଣ ସହ ଏହି ଶିଳ୍ପକୁ ପ୍ରୋତ୍ସାହନ ଦେବା ଦରକାର । ଦେଶରେ ଜାହାଜ ନିର୍ମାଣ ଶିଳ୍ପର ବିକାଶ ପାଇଁ ସରକାର ନୂଆ ନୀତି ପ୍ରଣୟନ କରିବା ଆବଶ୍ୟକ । ଉପକୂଳବର୍ତ୍ତୀ ରାଜ୍ୟଗୁଡ଼ିକରେ ଅଧିକ କାରଖାନା ପ୍ରତିଷ୍ଠା ହେଲେ ହଜାର ହଜାର ଯୁବକଙ୍କୁ ନିଯୁକ୍ତି ମିଳିବ । ବିଦେଶରୁ ଜାହାଜ ଆମଦାନୀ ଉପରେ ନିର୍ଭରଶୀଳତା କମିବ ଏବଂ ଦେଶର ଅର୍ଥନୀତି ସୁଦୃଢ଼ ହେବ । ବନ୍ଦରଗୁଡ଼ିକର ଆଧୁନିକୀକରଣ ସହ ଏହି ଶିଳ୍ପକୁ ପ୍ରୋତ୍ସାହନ ଦେବା ଦରକାର । ଦେଶରେ ଜାହାଜ ନିର୍ମାଣ ଶିଳ୍ପର ବିକାଶ ପାଇଁ ସରକାର ନୂଆ ନୀତି ପ୍ରଣୟନ କରିବା ଆବଶ୍ୟକ । ଉପକୂଳବର୍ତ୍ତୀ ରାଜ୍ୟଗୁଡ଼ିକରେ ଅଧିକ କାରଖାନା ପ୍ରତିଷ୍ଠା ହେଲେ ହଜାର ହଜାର ଯୁବକଙ୍କୁ ନିଯୁକ୍ତି ମିଳିବ । ବିଦେଶରୁ ଜାହାଜ ଆମଦାନୀ ଉପରେ ନିର୍ଭରଶୀଳତା କମିବ ଏବଂ ଦେଶର ଅର୍ଥନୀତି ସୁଦୃଢ଼ ହେବ । ବନ୍ଦରଗୁଡ଼ିକର ଆଧୁନିକୀକରଣ ସହ ଏହି ଶିଳ୍ପକୁ ପ୍ରୋତ୍ସାହନ ଦେବା ଦରକାର । ଦେଶରେ ଜାହାଜ ନିର୍ମାଣ ଶିଳ୍ପର ବିକାଶ ପାଇଁ ସରକାର ନୂଆ ନୀତି ପ୍ରଣୟନ କରିବା ଆବଶ୍ୟକ । ଉପକୂଳବର୍ତ୍ତୀ ରାଜ୍ୟଗୁଡ଼ିକରେ ଅଧିକ କାରଖାନା ପ୍ରତିଷ୍ଠା ହେଲେ ହଜାର ହଜାର ଯୁବକଙ୍କୁ ନିଯୁକ୍ତି ମିଳିବ । ବିଦେଶରୁ ଜାହାଜ ଆମଦାନୀ ଉପରେ ନିର୍ଭରଶୀଳତା କମିବ ଏବଂ ଦେଶର ଅର୍ଥନୀତି ସୁଦୃଢ଼ ହେବ । ବନ୍ଦରଗୁଡ଼ିକର ଆଧୁନିକୀକରଣ ସହ ଏହି ଶିଳ୍ପକୁ ପ୍ରୋତ୍ସାହନ ଦେବା ଦରକାର । ଦେଶରେ ଜାହାଜ ନିର୍ମାଣ ଶିଳ୍ପର ବିକାଶ ପାଇଁ ସରକାର ନୂଆ ନୀତି ପ୍ରଣୟନ କରିବା ଆବଶ୍ୟକ । ଉପକୂଳବର୍ତ୍ତୀ ରାଜ୍ୟଗୁଡ଼ିକରେ ଅଧିକ କାରଖାନା ପ୍ରତିଷ୍ଠା ହେଲେ ହଜାର ହଜାର ଯୁବକଙ୍କୁ ନିଯୁକ୍ତି ମିଳିବ । ବିଦେଶରୁ ଜାହାଜ ଆମଦାନୀ ଉପରେ ନିର୍ଭରଶୀଳତା କମିବ ଏବଂ ଦେଶର ଅର୍ଥନୀତି ସୁଦୃଢ଼ ହେବ । ବନ୍ଦରଗୁଡ଼ିକର ଆଧୁନିକୀକରଣ ସହ ଏହି ଶିଳ୍ପକୁ ପ୍ରୋତ୍ସାହନ ଦେବା ଦରକାର । ଦେଶରେ ଜାହାଜ ନିର୍ମାଣ ଶିଳ୍ପର ବିକାଶ ପାଇଁ ସରକାର ନୂଆ ନୀତି ପ୍ରଣୟନ କରିବା ଆବଶ୍ୟକ । ଉପକୂଳବର୍ତ୍ତୀ ରାଜ୍ୟଗୁଡ଼ିକରେ ଅଧିକ କାରଖାନା ପ୍ରତିଷ୍ଠା ହେଲେ ହଜାର ହଜାର ଯୁବକଙ୍କୁ ନିଯୁକ୍ତି ମିଳିବ । ବିଦେଶରୁ ଜାହାଜ ଆମଦାନୀ ଉପରେ ନିର୍ଭରଶୀଳତା କମିବ ଏବଂ ଦେଶର ଅର୍ଥନୀତି ସୁଦୃଢ଼ ହେବ । ବନ୍ଦରଗୁଡ଼ିକର ଆଧୁନିକୀକରଣ ସହ ଏହି ଶିଳ୍ପକୁ ପ୍ରୋତ୍ସାହନ ଦେବା ଦରକାର । ଦେଶରେ ଜାହାଜ ନିର୍ମାଣ ଶିଳ୍ପର ବିକାଶ ପାଇଁ ସରକାର ନୂଆ ନୀତି ପ୍ରଣୟନ କରିବା ଆବଶ୍ୟକ । ଉପକୂଳବର୍ତ୍ତୀ ରାଜ୍ୟଗୁଡ଼ିକରେ ଅଧିକ କାରଖାନା ପ୍ରତିଷ୍ଠା ହେଲେ ହଜାର ହଜାର ଯୁବକଙ୍କୁ ନିଯୁକ୍ତି ମିଳିବ । ବିଦେଶରୁ ଜାହାଜ ଆମଦାନୀ ଉପରେ ନିର୍ଭରଶୀଳତା କମିବ ଏବଂ ଦେଶର ଅର୍ଥନୀତି ସୁଦୃଢ଼ ହେବ । ବନ୍ଦରଗୁଡ଼ିକର ଆଧୁନିକୀକରଣ ସହ ଏହି ଶିଳ୍ପକୁ ପ୍ରୋତ୍ସାହନ ଦେବା ଦରକାର । ଦେଶରେ ଜାହାଜ ନିର୍ମାଣ ଶିଳ୍ପର ବିକାଶ ପାଇଁ ସରକାର ନୂଆ ନୀତି ପ୍ରଣୟନ କରିବା ଆବଶ୍ୟକ । ଉପକୂଳବର୍ତ୍ତୀ ରାଜ୍ୟଗୁଡ଼ିକରେ ଅଧିକ କାରଖାନା ପ୍ରତିଷ୍ଠା ହେଲେ ହଜାର ହଜାର ଯୁବକଙ୍କୁ ନିଯୁକ୍ତି ମିଳିବ । ବିଦେଶରୁ ଜାହାଜ ଆମଦାନୀ ଉପରେ ନିର୍ଭରଶୀଳତା କମିବ ଏବଂ ଦେଶର ଅର୍ଥନୀତି ସୁଦୃଢ଼ ହେବ । ବନ୍ଦରଗୁଡ଼ିକର ଆଧୁନିକୀକରଣ ସହ ଏହି ଶିଳ୍ପକୁ ପ୍ରୋତ୍ସାହନ ଦେବା ଦରକାର ।
ଆତିଥ୍ୟ ଓଡ଼ିଶାର ପରମ୍ପରା
ଦେଶରେ ଜାହାଜ ନିର୍ମାଣ ଶିଳ୍ପର ବିକାଶ ପାଇଁ ସରକାର ନୂଆ ନୀତି ପ୍ରଣୟନ କରିବା ଆବଶ୍ୟକ । ଉପକୂଳବର୍ତ୍ତୀ ରାଜ୍ୟଗୁଡ଼ିକରେ ଅଧିକ କାରଖାନା ପ୍ରତିଷ୍ଠା ହେଲେ ହଜାର ହଜାର ଯୁବକଙ୍କୁ ନିଯୁକ୍ତି ମିଳିବ । ବିଦେଶରୁ ଜାହାଜ ଆମଦାନୀ ଉପରେ ନିର୍ଭରଶୀଳତା କମିବ ଏବଂ ଦେଶର ଅର୍ଥନୀତି ସୁଦୃଢ଼ ହେବ । ବନ୍ଦରଗୁଡ଼ିକର ଆଧୁନିକୀକରଣ ସହ ଏହି ଶିଳ୍ପକୁ ପ୍ରୋତ୍ସାହନ ଦେବା ଦରକାର । ଦେଶରେ ଜାହାଜ ନିର୍ମାଣ ଶିଳ୍ପର ବିକାଶ ପାଇଁ ସରକାର ନୂଆ ନୀତି ପ୍ରଣୟନ କରିବା ଆବଶ୍ୟକ । ଉପକୂଳବର୍ତ୍ତୀ ରାଜ୍ୟଗୁଡ଼ିକରେ ଅଧିକ କାରଖାନା ପ୍ରତିଷ୍ଠା ହେଲେ ହଜାର ହଜାର ଯୁବକଙ୍କୁ ନିଯୁକ୍ତି ମିଳିବ । ବିଦେଶରୁ ଜାହାଜ ଆମଦାନୀ ଉପରେ ନିର୍ଭରଶୀଳତା କମିବ ଏବଂ ଦେଶର ଅର୍ଥନୀତି ସୁଦୃଢ଼ ହେବ । ବନ୍ଦରଗୁଡ଼ିକର ଆଧୁନିକୀକରଣ ସହ ଏହି ଶିଳ୍ପକୁ ପ୍ରୋତ୍ସାହନ ଦେବା ଦରକାର । ଦେଶରେ ଜାହାଜ ନିର୍ମାଣ ଶିଳ୍ପର ବିକାଶ ପାଇଁ ସରକାର ନୂଆ ନୀତି ପ୍ରଣୟନ କରିବା ଆବଶ୍ୟକ । ଉପକୂଳବର୍ତ୍ତୀ ରାଜ୍ୟଗୁଡ଼ିକରେ ଅଧିକ କାରଖାନା ପ୍ରତିଷ୍ଠା ହେଲେ ହଜାର ହଜାର ଯୁବକଙ୍କୁ ନିଯୁକ୍ତି ମିଳିବ । ବିଦେଶରୁ ଜାହାଜ ଆମଦାନୀ ଉପରେ ନିର୍ଭରଶୀଳତା କମିବ ଏବଂ ଦେଶର ଅର୍ଥନୀତି ସୁଦୃଢ଼ ହେବ । ବନ୍ଦରଗୁଡ଼ିକର ଆଧୁନିକୀକରଣ ସହ ଏହି ଶିଳ୍ପକୁ ପ୍ରୋତ୍ସାହନ ଦେବା ଦରକାର । ଦେଶରେ ଜାହାଜ ନିର୍ମାଣ ଶିଳ୍ପର ବିକାଶ ପାଇଁ ସରକାର ନୂଆ ନୀତି ପ୍ରଣୟନ କରିବା ଆବଶ୍ୟକ । ଉପକୂଳବର୍ତ୍ତୀ ରାଜ୍ୟଗୁଡ଼ିକରେ ଅଧିକ କାରଖାନା ପ୍ରତିଷ୍ଠା ହେଲେ ହଜାର ହଜାର ଯୁବକଙ୍କୁ ନିଯୁକ୍ତି ମିଳିବ । ବିଦେଶରୁ ଜାହାଜ ଆମଦାନୀ ଉପରେ ନିର୍ଭରଶୀଳତା କମିବ ଏବଂ ଦେଶର ଅର୍ଥନୀତି ସୁଦୃଢ଼ ହେବ । ବନ୍ଦରଗୁଡ଼ିକର ଆଧୁନିକୀକରଣ ସହ ଏହି ଶିଳ୍ପକୁ ପ୍ରୋତ୍ସାହନ ଦେବା ଦରକାର । ଦେଶରେ ଜାହାଜ ନିର୍ମାଣ ଶିଳ୍ପର ବିକାଶ ପାଇଁ ସରକାର ନୂଆ ନୀତି ପ୍ରଣୟନ କରିବା ଆବଶ୍ୟକ । ଉପକୂଳବର୍ତ୍ତୀ ରାଜ୍ୟଗୁଡ଼ିକରେ ଅଧିକ କାରଖାନା ପ୍ରତିଷ୍ଠା ହେଲେ ହଜାର ହଜାର ଯୁବକଙ୍କୁ ନିଯୁକ୍ତି ମିଳିବ । ବିଦେଶରୁ ଜାହାଜ ଆମଦାନୀ ଉପରେ ନିର୍ଭରଶୀଳତା କମିବ ଏବଂ ଦେଶର ଅର୍ଥନୀତି ସୁଦୃଢ଼ ହେବ । ବନ୍ଦରଗୁଡ଼ିକର ଆଧୁନିକୀକରଣ ସହ ଏହି ଶିଳ୍ପକୁ ପ୍ରୋତ୍ସାହନ ଦେବା ଦରକାର । ଦେଶରେ ଜାହାଜ ନିର୍ମାଣ ଶିଳ୍ପର ବିକାଶ ପାଇଁ ସରକାର ନୂଆ ନୀତି ପ୍ରଣୟନ କରିବା ଆବଶ୍ୟକ । ଉପକୂଳବର୍ତ୍ତୀ ରାଜ୍ୟଗୁଡ଼ିକରେ ଅଧିକ କାରଖାନା ପ୍ରତିଷ୍ଠା ହେଲେ ହଜାର ହଜାର ଯୁବକଙ୍କୁ ନିଯୁକ୍ତି ମିଳିବ । ବିଦେଶରୁ ଜାହାଜ ଆମଦାନୀ ଉପରେ ନିର୍ଭରଶୀଳତା କମିବ ଏବଂ ଦେଶର ଅର୍ଥନୀତି ସୁଦୃଢ଼ ହେବ । ବନ୍ଦରଗୁଡ଼ିକର ଆଧୁନିକୀକରଣ ସହ ଏହି ଶିଳ୍ପକୁ ପ୍ରୋତ୍ସାହନ ଦେବା ଦରକାର । ଦେଶରେ ଜାହାଜ ନିର୍ମାଣ ଶିଳ୍ପର ବିକାଶ ପାଇଁ ସରକାର ନୂଆ ନୀତି ପ୍ରଣୟନ କରିବା ଆବଶ୍ୟକ । ଉପକୂଳବର୍ତ୍ତୀ ରାଜ୍ୟଗୁଡ଼ିକରେ ଅଧିକ କାରଖାନା ପ୍ରତିଷ୍ଠା ହେଲେ ହଜାର ହଜାର ଯୁବକଙ୍କୁ ନିଯୁକ୍ତି ମିଳିବ । ବିଦେଶରୁ ଜାହାଜ ଆମଦାନୀ ଉପରେ ନିର୍ଭରଶୀଳତା କମିବ ଏବଂ ଦେଶର ଅର୍ଥନୀତି ସୁଦୃଢ଼ ହେବ । ବନ୍ଦରଗୁଡ଼ିକର ଆଧୁନିକୀକରଣ ସହ ଏହି ଶିଳ୍ପକୁ ପ୍ରୋତ୍ସାହନ ଦେବା ଦରକାର । ଦେଶରେ ଜାହାଜ ନିର୍ମାଣ ଶିଳ୍ପର ବିକାଶ ପାଇଁ ସରକାର ନୂଆ ନୀତି ପ୍ରଣୟନ କରିବା ଆବଶ୍ୟକ । ଉପକୂଳବର୍ତ୍ତୀ ରାଜ୍ୟଗୁଡ଼ିକରେ ଅଧିକ କାରଖାନା ପ୍ରତିଷ୍ଠା ହେଲେ ହଜାର ହଜାର ଯୁବକଙ୍କୁ ନିଯୁକ୍ତି ମିଳିବ । ବିଦେଶରୁ ଜାହାଜ ଆମଦାନୀ ଉପରେ ନିର୍ଭରଶୀଳତା କମିବ ଏବଂ ଦେଶର ଅର୍ଥନୀତି ସୁଦୃଢ଼ ହେବ । ବନ୍ଦରଗୁଡ଼ିକର ଆଧୁନିକୀକରଣ ସହ ଏହି ଶିଳ୍ପକୁ ପ୍ରୋତ୍ସାହନ ଦେବା ଦରକାର ।
ଓଡ଼ିଶାର ଆତିଥ୍ୟ ପରମ୍ପରା ବହୁ ପୁରୁଣା । ଅତିଥି ଦେବୋ ଭବ ଏହି ମନ୍ତ୍ର ଆମ ସଂସ୍କୃତିର ମୂଳ ଭିତ୍ତି । ଗାଁ ଗହଳିରେ ଆଜି ବି ଘରକୁ ଆସିଥିବା ଅତିଥିଙ୍କୁ ଜଳପାନ ଦେଇ ସ୍ୱାଗତ କରାଯାଏ । କିନ୍ତୁ ସହରୀକରଣ ଓ ଆଧୁନିକ ଜୀବନଶୈଳୀ ଏହି ପରମ୍ପରାକୁ ଧୀରେ ଧୀରେ ପ୍ରଭାବିତ କରୁଛି । ପରିବାରର ସଦସ୍ୟମାନେ ନିଜ ନିଜ କାମରେ ବ୍ୟସ୍ତ ରହୁଥିବାରୁ ଅତିଥି ସତ୍କାର ପାଇଁ ସମୟ ମିଳୁନାହିଁ । ଏହାକୁ ସଂରକ୍ଷଣ କରିବା ଆମ ସମସ୍ତଙ୍କର ଦାୟିତ୍ୱ । ଓଡ଼ିଶାର ଆତିଥ୍ୟ ପରମ୍ପରା ବହୁ ପୁରୁଣା । ଅତିଥି ଦେବୋ ଭବ ଏହି ମନ୍ତ୍ର ଆମ ସଂସ୍କୃତିର ମୂଳ ଭିତ୍ତି । ଗାଁ ଗହଳିରେ ଆଜି ବି ଘରକୁ ଆସିଥିବା ଅତିଥିଙ୍କୁ ଜଳପାନ ଦେଇ ସ୍ୱାଗତ କରାଯାଏ । କିନ୍ତୁ ସହରୀକରଣ ଓ ଆଧୁନିକ ଜୀବନଶୈଳୀ ଏହି ପରମ୍ପରାକୁ ଧୀରେ ଧୀରେ ପ୍ରଭାବିତ କରୁଛି । ପରିବାରର ସଦସ୍ୟମାନେ ନିଜ ନିଜ କାମରେ ବ୍ୟସ୍ତ ରହୁଥିବାରୁ ଅତିଥି ସତ୍କାର ପାଇଁ ସମୟ ମିଳୁନାହିଁ । ଏହାକୁ ସଂରକ୍ଷଣ କରିବା ଆମ ସମସ୍ତଙ୍କର ଦାୟିତ୍ୱ । ଓଡ଼ିଶାର ଆତିଥ୍ୟ ପରମ୍ପରା ବହୁ ପୁରୁଣା । ଅତିଥି ଦେବୋ ଭବ ଏହି ମନ୍ତ୍ର ଆମ ସଂସ୍କୃତିର ମୂଳ ଭିତ୍ତି । ଗାଁ ଗହଳିରେ ଆଜି ବି ଘରକୁ ଆସିଥିବା ଅତିଥିଙ୍କୁ ଜଳପାନ ଦେଇ ସ୍ୱାଗତ କରାଯାଏ । କିନ୍ତୁ ସହରୀକରଣ ଓ ଆଧୁନିକ ଜୀବନଶୈଳୀ ଏହି ପରମ୍ପରାକୁ ଧୀରେ ଧୀରେ ପ୍ରଭାବିତ କରୁଛି । ପରିବାରର ସଦସ୍ୟମାନେ ନିଜ ନିଜ କାମରେ ବ୍ୟସ୍ତ ରହୁଥିବାରୁ ଅତିଥି ସତ୍କାର ପାଇଁ ସମୟ ମିଳୁନାହିଁ । ଏହାକୁ ସଂରକ୍ଷଣ କରିବା ଆମ ସମସ୍ତଙ୍କର ଦାୟିତ୍ୱ । ଓଡ଼ିଶାର ଆତିଥ୍ୟ ପରମ୍ପରା ବହୁ ପୁରୁଣା । ଅତିଥି ଦେବୋ ଭବ ଏହି ମନ୍ତ୍ର ଆମ ସଂସ୍କୃତିର ମୂଳ ଭିତ୍ତି । ଗାଁ ଗହଳିରେ ଆଜି ବି ଘରକୁ ଆସିଥିବା ଅତିଥିଙ୍କୁ ଜଳପାନ ଦେଇ ସ୍ୱାଗତ କରାଯାଏ । କିନ୍ତୁ ସହରୀକରଣ ଓ ଆଧୁନିକ ଜୀବନଶୈଳୀ ଏହି ପରମ୍ପରାକୁ ଧୀରେ ଧୀରେ ପ୍ରଭାବିତ କରୁଛି । ପରିବାରର ସଦସ୍ୟମାନେ ନିଜ ନିଜ କାମରେ ବ୍ୟସ୍ତ ରହୁଥିବାରୁ ଅତିଥି ସତ୍କାର ପାଇଁ ସମୟ ମିଳୁନାହିଁ । ଏହାକୁ ସଂରକ୍ଷଣ କରିବା ଆମ ସମସ୍ତଙ୍କର ଦାୟିତ୍ୱ । ଓଡ଼ିଶାର ଆତିଥ୍ୟ ପରମ୍ପରା ବହୁ ପୁରୁଣା । ଅତିଥି ଦେବୋ ଭବ ଏହି ମନ୍ତ୍ର ଆମ ସଂସ୍କୃତିର ମୂଳ ଭିତ୍ତି । ଗାଁ ଗହଳିରେ ଆଜି ବି ଘରକୁ ଆସିଥିବା ଅତିଥିଙ୍କୁ ଜଳପାନ ଦେଇ ସ୍ୱାଗତ କରାଯାଏ । କିନ୍ତୁ ସହରୀକରଣ ଓ ଆଧୁନିକ ଜୀବନଶୈଳୀ ଏହି ପରମ୍ପରାକୁ ଧୀରେ ଧୀରେ ପ୍ରଭାବିତ କରୁଛି । ପରିବାରର ସଦସ୍ୟମାନେ ନିଜ ନିଜ କାମରେ ବ୍ୟସ୍ତ ରହୁଥିବାରୁ ଅତିଥି ସତ୍କାର ପାଇଁ ସମୟ ମିଳୁନାହିଁ । ଏହାକୁ ସଂରକ୍ଷଣ କରିବା ଆମ ସମସ୍ତଙ୍କର ଦାୟିତ୍ୱ । ଓଡ଼ିଶାର ଆତିଥ୍ୟ ପରମ୍ପରା ବହୁ ପୁରୁଣା । ଅତିଥି ଦେବୋ ଭବ ଏହି ମନ୍ତ୍ର ଆମ ସଂସ୍କୃତିର ମୂଳ ଭିତ୍ତି । ଗାଁ ଗହଳିରେ ଆଜି ବି ଘରକୁ ଆସିଥିବା ଅତିଥିଙ୍କୁ ଜଳପାନ ଦେଇ ସ୍ୱାଗତ କରାଯାଏ । କିନ୍ତୁ ସହରୀକରଣ ଓ ଆଧୁନିକ ଜୀବନଶୈଳୀ ଏହି ପରମ୍ପରାକୁ ଧୀରେ ଧୀରେ ପ୍ରଭାବିତ କରୁଛି । ପରିବାରର ସଦସ୍ୟମାନେ ନିଜ ନିଜ କାମରେ ବ୍ୟସ୍ତ ରହୁଥିବାରୁ ଅତିଥି ସତ୍କାର ପାଇଁ ସମୟ ମିଳୁନାହିଁ । ଏହାକୁ ସଂରକ୍ଷଣ କରିବା ଆମ ସମସ୍ତଙ୍କର ଦାୟିତ୍ୱ । ଓଡ଼ିଶାର ଆତିଥ୍ୟ ପରମ୍ପରା ବହୁ ପୁରୁଣା । ଅତିଥି ଦେବୋ ଭବ ଏହି ମନ୍ତ୍ର ଆମ ସଂସ୍କୃତିର ମୂଳ ଭିତ୍ତି । ଗାଁ ଗହଳିରେ ଆଜି ବି ଘରକୁ ଆସିଥିବା ଅତିଥିଙ୍କୁ ଜଳପାନ ଦେଇ ସ୍ୱାଗତ କରାଯାଏ । କିନ୍ତୁ ସହରୀକରଣ ଓ ଆଧୁନିକ ଜୀବନଶୈଳୀ ଏହି ପରମ୍ପରାକୁ ଧୀରେ ଧୀରେ ପ୍ରଭାବିତ କରୁଛି । ପରିବାରର ସଦସ୍ୟମାନେ ନିଜ ନିଜ କାମରେ ବ୍ୟସ୍ତ ରହୁଥିବାରୁ ଅତିଥି ସତ୍କାର ପାଇଁ ସମୟ ମିଳୁନାହିଁ । ଏହାକୁ ସଂରକ୍ଷଣ କରିବା ଆମ ସମସ୍ତଙ୍କର ଦାୟିତ୍ୱ । ଓଡ଼ିଶାର ଆତିଥ୍ୟ ପରମ୍ପରା ବହୁ ପୁରୁଣା । ଅତିଥି ଦେବୋ ଭବ ଏହି ମନ୍ତ୍ର ଆମ ସଂସ୍କୃତିର ମୂଳ ଭିତ୍ତି । ଗାଁ ଗହଳିରେ ଆଜି ବି ଘରକୁ ଆସିଥିବା ଅତିଥିଙ୍କୁ ଜଳପାନ ଦେଇ ସ୍ୱାଗତ କରାଯାଏ । କିନ୍ତୁ ସହରୀକରଣ ଓ ଆଧୁନିକ ଜୀବନଶୈଳୀ ଏହି ପରମ୍ପରାକୁ ଧୀରେ ଧୀରେ ପ୍ରଭାବିତ କରୁଛି । ପରିବାରର ସଦସ୍ୟମାନେ ନିଜ ନିଜ କାମରେ ବ୍ୟସ୍ତ ରହୁଥିବାରୁ ଅତିଥି ସତ୍କାର ପାଇଁ ସମୟ ମିଳୁନାହିଁ । ଏହାକୁ ସଂରକ୍ଷଣ କରିବା ଆମ ସମସ୍ତଙ୍କର ଦାୟିତ୍ୱ ।
ଦେଶରେ ଜାହାଜ ନିର୍ମାଣ ଶିଳ୍ପର ବିକାଶ ପାଇଁ ସରକାର ନୂଆ ନୀତି ପ୍ରଣୟନ କରିବା ଆବଶ୍ୟକ । ଉପକୂଳବର୍ତ୍ତୀ ରାଜ୍ୟଗୁଡ଼ିକରେ ଅଧିକ କାରଖାନା ପ୍ରତିଷ୍ଠା ହେଲେ ହଜାର ହଜାର ଯୁବକଙ୍କୁ ନିଯୁକ୍ତି ମିଳିବ । ବିଦେଶରୁ ଜାହାଜ ଆମଦାନୀ ଉପରେ ନିର୍ଭରଶୀଳତା କମିବ ଏବଂ ଦେଶର ଅର୍ଥନୀତି ସୁଦୃଢ଼ ହେବ । ବନ୍ଦରଗୁଡ଼ିକର ଆଧୁନିକୀକରଣ ସହ ଏହି ଶିଳ୍ପକୁ ପ୍ରୋତ୍ସାହନ ଦେବା ଦରକାର । ଦେଶରେ ଜାହାଜ ନିର୍ମାଣ ଶିଳ୍ପର ବିକାଶ ପାଇଁ ସରକାର ନୂଆ ନୀତି ପ୍ରଣୟନ କରିବା ଆବଶ୍ୟକ । ଉପକୂଳବର୍ତ୍ତୀ ରାଜ୍ୟଗୁଡ଼ିକରେ ଅଧିକ କାରଖାନା ପ୍ରତିଷ୍ଠା ହେଲେ ହଜାର ହଜାର ଯୁବକଙ୍କୁ ନିଯୁକ୍ତି ମିଳିବ । ବିଦେଶରୁ ଜାହାଜ ଆମଦାନୀ ଉପରେ ନିର୍ଭରଶୀଳତା କମିବ ଏବଂ ଦେଶର ଅର୍ଥନୀତି ସୁଦୃଢ଼ ହେବ । ବନ୍ଦରଗୁଡ଼ିକର ଆଧୁନିକୀକରଣ ସହ ଏହି ଶିଳ୍ପକୁ ପ୍ରୋତ୍ସାହନ ଦେବା ଦରକାର । ଦେଶରେ ଜାହାଜ ନିର୍ମାଣ ଶିଳ୍ପର ବିକାଶ ପାଇଁ ସରକାର ନୂଆ ନୀତି ପ୍ରଣୟନ କରିବା ଆବଶ୍ୟକ । ଉପକୂଳବର୍ତ୍ତୀ ରାଜ୍ୟଗୁଡ଼ିକରେ ଅଧିକ କାରଖାନା ପ୍ରତିଷ୍ଠା ହେଲେ ହଜାର ହଜାର ଯୁବକଙ୍କୁ ନିଯୁକ୍ତି ମିଳିବ । ବିଦେଶରୁ ଜାହାଜ ଆମଦାନୀ ଉପରେ ନିର୍ଭରଶୀଳତା କମିବ ଏବଂ ଦେଶର ଅର୍ଥନୀତି ସୁଦୃଢ଼ ହେବ । ବନ୍ଦରଗୁଡ଼ିକର ଆଧୁନିକୀକରଣ ସହ ଏହି ଶିଳ୍ପକୁ ପ୍ରୋତ୍ସାହନ ଦେବା ଦରକାର । ଦେଶରେ ଜାହାଜ ନିର୍ମାଣ ଶିଳ୍ପର ବିକାଶ ପାଇଁ ସରକାର ନୂଆ ନୀତି ପ୍ରଣୟନ କରିବା ଆବଶ୍ୟକ । ଉପକୂଳବର୍ତ୍ତୀ ରାଜ୍ୟଗୁଡ଼ିକରେ ଅଧିକ କାରଖାନା ପ୍ରତିଷ୍ଠା ହେଲେ ହଜାର ହଜାର ଯୁବକଙ୍କୁ ନିଯୁକ୍ତି ମିଳିବ । ବିଦେଶରୁ ଜାହାଜ ଆମଦାନୀ ଉପରେ ନିର୍ଭରଶୀଳତା କମିବ ଏବଂ ଦେଶର ଅର୍ଥନୀତି ସୁଦୃଢ଼ ହେବ । ବନ୍ଦରଗୁଡ଼ିକର ଆଧୁନିକୀକରଣ ସହ ଏହି ଶିଳ୍ପକୁ ପ୍ରୋତ୍ସାହନ ଦେବା ଦରକାର । ଦେଶରେ ଜାହାଜ ନିର୍ମାଣ ଶିଳ୍ପର ବିକାଶ ପାଇଁ ସରକାର ନୂଆ ନୀତି ପ୍ରଣୟନ କରିବା ଆବଶ୍ୟକ । ଉପକୂଳବର୍ତ୍ତୀ ରାଜ୍ୟଗୁଡ଼ିକରେ ଅଧିକ କାରଖାନା ପ୍ରତିଷ୍ଠା ହେଲେ ହଜାର ହଜାର ଯୁବକଙ୍କୁ ନିଯୁକ୍ତି ମିଳିବ । ବିଦେଶରୁ ଜାହାଜ ଆମଦାନୀ ଉପରେ ନିର୍ଭରଶୀଳତା କମିବ ଏବଂ ଦେଶର ଅର୍ଥନୀତି ସୁଦୃଢ଼ ହେବ । ବନ୍ଦରଗୁଡ଼ିକର ଆଧୁନିକୀକରଣ ସହ ଏହି ଶିଳ୍ପକୁ ପ୍ରୋତ୍ସାହନ ଦେବା ଦରକାର । ଦେଶରେ ଜାହାଜ ନିର୍ମାଣ ଶିଳ୍ପର ବିକାଶ ପାଇଁ ସରକାର ନୂଆ ନୀତି ପ୍ରଣୟନ କରିବା ଆବଶ୍ୟକ । ଉପକୂଳବର୍ତ୍ତୀ ରାଜ୍ୟଗୁଡ଼ିକରେ ଅଧିକ କାରଖାନା ପ୍ରତିଷ୍ଠା ହେଲେ ହଜାର ହଜାର ଯୁବକଙ୍କୁ ନିଯୁକ୍ତି ମିଳିବ । ବିଦେଶରୁ ଜାହାଜ ଆମଦାନୀ ଉପରେ ନିର୍ଭରଶୀଳତା କମିବ ଏବଂ ଦେଶର ଅର୍ଥନୀତି ସୁଦୃଢ଼ ହେବ । ବନ୍ଦରଗୁଡ଼ିକର ଆଧୁନିକୀକରଣ ସହ ଏହି ଶିଳ୍ପକୁ ପ୍ରୋତ୍ସାହନ ଦେବା ଦରକାର । ଦେଶରେ ଜାହାଜ ନିର୍ମାଣ ଶିଳ୍ପର ବିକାଶ ପାଇଁ ସରକାର ନୂଆ ନୀତି ପ୍ରଣୟନ କରିବା ଆବଶ୍ୟକ । ଉପକୂଳବର୍ତ୍ତୀ ରାଜ୍ୟଗୁଡ଼ିକରେ ଅଧିକ କାରଖାନା ପ୍ରତିଷ୍ଠା ହେଲେ ହଜାର ହଜାର ଯୁବକଙ୍କୁ ନିଯୁକ୍ତି ମିଳିବ । ବିଦେଶରୁ ଜାହାଜ ଆମଦାନୀ ଉପରେ ନିର୍ଭରଶୀଳତା କମିବ ଏବଂ ଦେଶର ଅର୍ଥନୀତି ସୁଦୃଢ଼ ହେବ । ବନ୍ଦରଗୁଡ଼ିକର ଆଧୁନିକୀକରଣ ସହ ଏହି ଶିଳ୍ପକୁ ପ୍ରୋତ୍ସାହନ ଦେବା ଦରକାର । ଦେଶରେ ଜାହାଜ ନିର୍ମାଣ ଶିଳ୍ପର ବିକାଶ ପାଇଁ ସରକାର ନୂଆ ନୀତି ପ୍ରଣୟନ କରିବା ଆବଶ୍ୟକ । ଉପକୂଳବର୍ତ୍ତୀ ରାଜ୍ୟଗୁଡ଼ିକରେ ଅଧିକ କାରଖାନା ପ୍ରତିଷ୍ଠା ହେଲେ ହଜାର ହଜାର ଯୁବକଙ୍କୁ ନିଯୁକ୍ତି ମିଳିବ । ବିଦେଶରୁ ଜାହାଜ ଆମଦାନୀ ଉପରେ ନିର୍ଭରଶୀଳତା କମିବ ଏବଂ ଦେଶର ଅର୍ଥନୀତି ସୁଦୃଢ଼ ହେବ । ବନ୍ଦରଗୁଡ଼ିକର ଆଧୁନିକୀକରଣ ସହ ଏହି ଶିଳ୍ପକୁ ପ୍ରୋତ୍ସାହନ ଦେବା ଦରକାର ।
ମନ କଥା	ଭାଗ୍ୟର ପ୍ରକାଶ
ମଣିଷର ମନ ହେଉଛି ଅଦ୍ଭୁତ ଶକ୍ତିର ଉତ୍ସ । ମନକୁ ନିୟନ୍ତ୍ରଣ କରିପାରିଲେ ମଣିଷ ଜୀବନରେ ସବୁ ଲକ୍ଷ୍ୟ ହାସଲ କରିପାରେ । ଧ୍ୟାନ ଓ ଯୋଗ ମନକୁ ଶାନ୍ତ ରଖିବାରେ ସାହାଯ୍ୟ କରେ । ସକାରାତ୍ମକ ଚିନ୍ତାଧାରା ଜୀବନକୁ ସୁନ୍ଦର କରେ ଓ ନକାରାତ୍ମକ ଭାବନା ଆମକୁ ପଛକୁ ଟାଣିନିଏ । ମଣିଷର ମନ ହେଉଛି ଅଦ୍ଭୁତ ଶକ୍ତିର ଉତ୍ସ । ମନକୁ ନିୟନ୍ତ୍ରଣ କରିପାରିଲେ ମଣିଷ ଜୀବନରେ ସବୁ ଲକ୍ଷ୍ୟ ହାସଲ କରିପାରେ । ଧ୍ୟାନ ଓ ଯୋଗ ମନକୁ ଶାନ୍ତ ରଖିବାରେ ସାହାଯ୍ୟ କରେ । ସକାରାତ୍ମକ ଚିନ୍ତାଧାରା ଜୀବନକୁ ସୁନ୍ଦର କରେ ଓ ନକାରାତ୍ମକ ଭାବନା ଆମକୁ ପଛକୁ ଟାଣିନିଏ । ମଣିଷର ମନ ହେଉଛି ଅଦ୍ଭୁତ ଶକ୍ତିର ଉତ୍ସ । ମନକୁ ନିୟନ୍ତ୍ରଣ କରିପାରିଲେ ମଣିଷ ଜୀବନରେ ସବୁ ଲକ୍ଷ୍ୟ ହାସଲ କରିପାରେ । ଧ୍ୟାନ ଓ ଯୋଗ ମନକୁ ଶାନ୍ତ ରଖିବାରେ ସାହାଯ୍ୟ କରେ । ସକାରାତ୍ମକ ଚିନ୍ତାଧାରା ଜୀବନକୁ ସୁନ୍ଦର କରେ ଓ ନକାରାତ୍ମକ ଭାବନା ଆମକୁ ପଛକୁ ଟାଣିନିଏ । ମଣିଷର ମନ ହେଉଛି ଅଦ୍ଭୁତ ଶକ୍ତିର ଉତ୍ସ । ମନକୁ ନିୟନ୍ତ୍ରଣ କରିପାରିଲେ ମଣିଷ ଜୀବନରେ ସବୁ ଲକ୍ଷ୍ୟ ହାସଲ କରିପାରେ । ଧ୍ୟାନ ଓ ଯୋଗ ମନକୁ ଶାନ୍ତ ରଖିବାରେ ସାହାଯ୍ୟ କରେ । ସକାରାତ୍ମକ ଚିନ୍ତାଧାରା ଜୀବନକୁ ସୁନ୍ଦର କରେ ଓ ନକାରାତ୍ମକ ଭାବନା ଆମକୁ ପଛକୁ ଟାଣିନିଏ । ମଣିଷର ମନ ହେଉଛି ଅଦ୍ଭୁତ ଶକ୍ତିର ଉତ୍ସ । ମନକୁ ନିୟନ୍ତ୍ରଣ କରିପାରିଲେ ମଣିଷ ଜୀବନରେ ସବୁ ଲକ୍ଷ୍ୟ ହାସଲ କରିପାରେ । ଧ୍ୟାନ ଓ ଯୋଗ ମନକୁ ଶାନ୍ତ ରଖିବାରେ ସାହାଯ୍ୟ କରେ । ସକାରାତ୍ମକ ଚିନ୍ତାଧାରା ଜୀବନକୁ ସୁନ୍ଦର କରେ ଓ ନକାରାତ୍ମକ ଭାବନା ଆମକୁ ପଛକୁ ଟାଣିନିଏ । ମଣିଷର ମନ ହେଉଛି ଅଦ୍ଭୁତ ଶକ୍ତିର ଉତ୍ସ । ମନକୁ ନିୟନ୍ତ୍ରଣ କରିପାରିଲେ ମଣିଷ ଜୀବନରେ ସବୁ ଲକ୍ଷ୍ୟ ହାସଲ କରିପାରେ । ଧ୍ୟାନ ଓ ଯୋଗ ମନକୁ ଶାନ୍ତ ରଖିବାରେ ସାହାଯ୍ୟ କରେ । ସକାରାତ୍ମକ ଚିନ୍ତାଧାରା ଜୀବନକୁ ସୁନ୍ଦର କରେ ଓ ନକାରାତ୍ମକ ଭାବନା ଆମକୁ ପଛକୁ ଟାଣିନିଏ । ମଣିଷର ମନ ହେଉଛି ଅଦ୍ଭୁତ ଶକ୍ତିର ଉତ୍ସ । ମନକୁ ନିୟନ୍ତ୍ରଣ କରିପାରିଲେ ମଣିଷ ଜୀବନରେ ସବୁ ଲକ୍ଷ୍ୟ ହାସଲ କରିପାରେ । ଧ୍ୟାନ ଓ ଯୋଗ ମନକୁ ଶାନ୍ତ ରଖିବାରେ ସାହାଯ୍ୟ କରେ । ସକାରାତ୍ମକ ଚିନ୍ତାଧାରା ଜୀବନକୁ ସୁନ୍ଦର କରେ ଓ ନକାରାତ୍ମକ ଭାବନା ଆମକୁ ପଛକୁ ଟାଣିନିଏ । ମଣିଷର ମନ ହେଉଛି ଅଦ୍ଭୁତ ଶକ୍ତିର ଉତ୍ସ । ମନକୁ ନିୟନ୍ତ୍ରଣ କରିପାରିଲେ ମଣିଷ ଜୀବନରେ ସବୁ ଲକ୍ଷ୍ୟ ହାସଲ କରିପାରେ । ଧ୍ୟାନ ଓ ଯୋଗ ମନକୁ ଶାନ୍ତ ରଖିବାରେ ସାହାଯ୍ୟ କରେ । ସକାରାତ୍ମକ ଚିନ୍ତାଧାରା ଜୀବନକୁ ସୁନ୍ଦର କରେ ଓ ନକାରାତ୍ମକ ଭାବନା ଆମକୁ ପଛକୁ ଟାଣିନିଏ ।
ମଣିଷର ମନ ହେଉଛି ଅଦ୍ଭୁତ ଶକ୍ତିର ଉତ୍ସ । ମନକୁ ନିୟନ୍ତ୍ରଣ କରିପାରିଲେ ମଣିଷ ଜୀବନରେ ସବୁ ଲକ୍ଷ୍ୟ ହାସଲ କରିପାରେ । ଧ୍ୟାନ ଓ ଯୋଗ ମନକୁ ଶାନ୍ତ ରଖିବାରେ ସାହାଯ୍ୟ କରେ । ସକାରାତ୍ମକ ଚିନ୍ତାଧାରା ଜୀବନକୁ ସୁନ୍ଦର କରେ ଓ ନକାରାତ୍ମକ ଭାବନା ଆମକୁ ପଛକୁ ଟାଣିନିଏ । ମଣିଷର ମନ ହେଉଛି ଅଦ୍ଭୁତ ଶକ୍ତିର ଉତ୍ସ । ମନକୁ ନିୟନ୍ତ୍ରଣ କରିପାରିଲେ ମଣିଷ ଜୀବନରେ ସବୁ ଲକ୍ଷ୍ୟ ହାସଲ କରିପାରେ । ଧ୍ୟାନ ଓ ଯୋଗ ମନକୁ ଶାନ୍ତ ରଖିବାରେ ସାହାଯ୍ୟ କରେ । ସକାରାତ୍ମକ ଚିନ୍ତାଧାରା ଜୀବନକୁ ସୁନ୍ଦର କରେ ଓ ନକାରାତ୍ମକ ଭାବନା ଆମକୁ ପଛକୁ ଟାଣିନିଏ । ମଣିଷର ମନ ହେଉଛି ଅଦ୍ଭୁତ ଶକ୍ତିର ଉତ୍ସ । ମନକୁ ନିୟନ୍ତ୍ରଣ କରିପାରିଲେ ମଣିଷ ଜୀବନରେ ସବୁ ଲକ୍ଷ୍ୟ ହାସଲ କରିପାରେ । ଧ୍ୟାନ ଓ ଯୋଗ ମନକୁ ଶାନ୍ତ ରଖିବାରେ ସାହାଯ୍ୟ କରେ । ସକାରାତ୍ମକ ଚିନ୍ତାଧାରା ଜୀବନକୁ ସୁନ୍ଦର କରେ ଓ ନକାରାତ୍ମକ ଭାବନା ଆମକୁ ପଛକୁ ଟାଣିନିଏ । ମଣିଷର ମନ ହେଉଛି ଅଦ୍ଭୁତ ଶକ୍ତିର ଉତ୍ସ । ମନକୁ ନିୟନ୍ତ୍ରଣ କରିପାରିଲେ ମଣିଷ ଜୀବନରେ ସବୁ ଲକ୍ଷ୍ୟ ହାସଲ କରିପାରେ । ଧ୍ୟାନ ଓ ଯୋଗ ମନକୁ ଶାନ୍ତ ରଖିବାରେ ସାହାଯ୍ୟ କରେ । ସକାରାତ୍ମକ ଚିନ୍ତାଧାରା ଜୀବନକୁ ସୁନ୍ଦର କରେ ଓ ନକାରାତ୍ମକ ଭାବନା ଆମକୁ ପଛକୁ ଟାଣିନିଏ । ମଣିଷର ମନ ହେଉଛି ଅଦ୍ଭୁତ ଶକ୍ତିର ଉତ୍ସ । ମନକୁ ନିୟନ୍ତ୍ରଣ କରିପାରିଲେ ମଣିଷ ଜୀବନରେ ସବୁ ଲକ୍ଷ୍ୟ ହାସଲ କରିପାରେ । ଧ୍ୟାନ ଓ ଯୋଗ ମନକୁ ଶାନ୍ତ ରଖିବାରେ ସାହାଯ୍ୟ କରେ । ସକାରାତ୍ମକ ଚିନ୍ତାଧାରା ଜୀବନକୁ ସୁନ୍ଦର କରେ ଓ ନକାରାତ୍ମକ ଭାବନା ଆମକୁ ପଛକୁ ଟାଣିନିଏ । ମଣିଷର ମନ ହେଉଛି ଅଦ୍ଭୁତ ଶକ୍ତିର ଉତ୍ସ । ମନକୁ ନିୟନ୍ତ୍ରଣ କରିପାରିଲେ ମଣିଷ ଜୀବନରେ ସବୁ ଲକ୍ଷ୍ୟ ହାସଲ କରିପାରେ । ଧ୍ୟାନ ଓ ଯୋଗ ମନକୁ ଶାନ୍ତ ରଖିବାରେ ସାହାଯ୍ୟ କରେ । ସକାରାତ୍ମକ ଚିନ୍ତାଧାରା ଜୀବନକୁ ସୁନ୍ଦର କରେ ଓ ନକାରାତ୍ମକ ଭାବନା ଆମକୁ ପଛକୁ ଟାଣିନିଏ । ମଣିଷର ମନ ହେଉଛି ଅଦ୍ଭୁତ ଶକ୍ତିର ଉତ୍ସ । ମନକୁ ନିୟନ୍ତ୍ରଣ କରିପାରିଲେ ମଣିଷ ଜୀବନରେ ସବୁ ଲକ୍ଷ୍ୟ ହାସଲ କରିପାରେ । ଧ୍ୟାନ ଓ ଯୋଗ ମନକୁ ଶାନ୍ତ ରଖିବାରେ ସାହାଯ୍ୟ କରେ । ସକାରାତ୍ମକ ଚିନ୍ତାଧାରା ଜୀବନକୁ ସୁନ୍ଦର କରେ ଓ ନକାରାତ୍ମକ ଭାବନା ଆମକୁ ପଛକୁ ଟାଣିନିଏ । ମଣିଷର ମନ ହେଉଛି ଅଦ୍ଭୁତ ଶକ୍ତିର ଉତ୍ସ । ମନକୁ ନିୟନ୍ତ୍ରଣ କରିପାରିଲେ ମଣିଷ ଜୀବନରେ ସବୁ ଲକ୍ଷ୍ୟ ହାସଲ କରିପାରେ । ଧ୍ୟାନ ଓ ଯୋଗ ମନକୁ ଶାନ୍ତ ରଖିବାରେ ସାହାଯ୍ୟ କରେ । ସକାରାତ୍ମକ ଚିନ୍ତାଧାରା ଜୀବନକୁ ସୁନ୍ଦର କରେ ଓ ନକାରାତ୍ମକ ଭାବନା ଆମକୁ ପଛକୁ ଟାଣିନିଏ ।
ଜୀବନ ଧାରା
ମଣିଷର ମନ ହେଉଛି ଅଦ୍ଭୁତ ଶକ୍ତିର ଉତ୍ସ । ମନକୁ ନିୟନ୍ତ୍ରଣ କରିପାରିଲେ ମଣିଷ ଜୀବନରେ ସବୁ ଲକ୍ଷ୍ୟ ହାସଲ କରିପାରେ । ଧ୍ୟାନ ଓ ଯୋଗ ମନକୁ ଶାନ୍ତ ରଖିବାରେ ସାହାଯ୍ୟ କରେ । ସକାରାତ୍ମକ ଚିନ୍ତାଧାରା ଜୀବନକୁ ସୁନ୍ଦର କରେ ଓ ନକାରାତ୍ମକ ଭାବନା ଆମକୁ ପଛକୁ ଟାଣିନିଏ । ମଣିଷର ମନ ହେଉଛି ଅଦ୍ଭୁତ ଶକ୍ତିର ଉତ୍ସ । ମନକୁ ନିୟନ୍ତ୍ରଣ କରିପାରିଲେ ମଣିଷ ଜୀବନରେ ସବୁ ଲକ୍ଷ୍ୟ ହାସଲ କରିପାରେ । ଧ୍ୟାନ ଓ ଯୋଗ ମନକୁ ଶାନ୍ତ ରଖିବାରେ ସାହାଯ୍ୟ କରେ । ସକାରାତ୍ମକ ଚିନ୍ତାଧାରା ଜୀବନକୁ ସୁନ୍ଦର କରେ ଓ ନକାରାତ୍ମକ ଭାବନା ଆମକୁ ପଛକୁ ଟାଣିନିଏ । ମଣିଷର ମନ ହେଉଛି ଅଦ୍ଭୁତ ଶକ୍ତିର ଉତ୍ସ । ମନକୁ ନିୟନ୍ତ୍ରଣ କରିପାରିଲେ ମଣିଷ ଜୀବନରେ ସବୁ ଲକ୍ଷ୍ୟ ହାସଲ କରିପାରେ । ଧ୍ୟାନ ଓ ଯୋଗ ମନକୁ ଶାନ୍ତ ରଖିବାରେ ସାହାଯ୍ୟ କରେ । ସକାରାତ୍ମକ ଚିନ୍ତାଧାରା ଜୀବନକୁ ସୁନ୍ଦର କରେ ଓ ନକାରାତ୍ମକ ଭାବନା ଆମକୁ ପଛକୁ ଟାଣିନିଏ । ମଣିଷର ମନ ହେଉଛି ଅଦ୍ଭୁତ ଶକ୍ତିର ଉତ୍ସ । ମନକୁ ନିୟନ୍ତ୍ରଣ କରିପାରିଲେ ମଣିଷ ଜୀବନରେ ସବୁ ଲକ୍ଷ୍ୟ ହାସଲ କରିପାରେ । ଧ୍ୟାନ ଓ ଯୋଗ ମନକୁ ଶାନ୍ତ ରଖିବାରେ ସାହାଯ୍ୟ କରେ । ସକାରାତ୍ମକ ଚିନ୍ତାଧାରା ଜୀବନକୁ ସୁନ୍ଦର କରେ ଓ ନକାରାତ୍ମକ ଭାବନା ଆମକୁ ପଛକୁ ଟାଣିନିଏ । ମଣିଷର ମନ ହେଉଛି ଅଦ୍ଭୁତ ଶକ୍ତିର ଉତ୍ସ । ମନକୁ ନିୟନ୍ତ୍ରଣ କରିପାରିଲେ ମଣିଷ ଜୀବନରେ ସବୁ ଲକ୍ଷ୍ୟ ହାସଲ କରିପାରେ । ଧ୍ୟାନ ଓ ଯୋଗ ମନକୁ ଶାନ୍ତ ରଖିବାରେ ସାହାଯ୍ୟ କରେ । ସକାରାତ୍ମକ ଚିନ୍ତାଧାରା ଜୀବନକୁ ସୁନ୍ଦର କରେ ଓ ନକାରାତ୍ମକ ଭାବନା ଆମକୁ ପଛକୁ ଟାଣିନିଏ । ମଣିଷର ମନ ହେଉଛି ଅଦ୍ଭୁତ ଶକ୍ତିର ଉତ୍ସ । ମନକୁ ନିୟନ୍ତ୍ରଣ କରିପାରିଲେ ମଣିଷ ଜୀବନରେ ସବୁ ଲକ୍ଷ୍ୟ ହାସଲ କରିପାରେ । ଧ୍ୟାନ ଓ ଯୋଗ ମନକୁ ଶାନ୍ତ ରଖିବାରେ ସାହାଯ୍ୟ କରେ । ସକାରାତ୍ମକ ଚିନ୍ତାଧାରା ଜୀବନକୁ ସୁନ୍ଦର କରେ ଓ ନକାରାତ୍ମକ ଭାବନା ଆମକୁ ପଛକୁ ଟାଣିନିଏ । ମଣିଷର ମନ ହେଉଛି ଅଦ୍ଭୁତ ଶକ୍ତିର ଉତ୍ସ । ମନକୁ ନିୟନ୍ତ୍ରଣ କରିପାରିଲେ ମଣିଷ ଜୀବନରେ ସବୁ ଲକ୍ଷ୍ୟ ହାସଲ କରିପାରେ । ଧ୍ୟାନ ଓ ଯୋଗ ମନକୁ ଶାନ୍ତ ରଖିବାରେ ସାହାଯ୍ୟ କରେ । ସକାରାତ୍ମକ ଚିନ୍ତାଧାରା ଜୀବନକୁ ସୁନ୍ଦର କରେ ଓ ନକାରାତ୍ମକ ଭାବନା ଆମକୁ ପଛକୁ ଟାଣିନିଏ । ମଣିଷର ମନ ହେଉଛି ଅଦ୍ଭୁତ ଶକ୍ତିର ଉ
- ମ.ଭା. ୨୦୨୦
ବ୍ୟବସ୍ଥାର ବିକଳ ଚିତ୍ର
ନିରଞ୍ଜନ ଦାସ
ସରକାରୀ ବ୍ୟବସ୍ଥାରେ ଥିବା ତ୍ରୁଟି ସାଧାରଣ ଲୋକଙ୍କୁ ହଇରାଣ କରୁଛି । ଅଫିସରେ ଫାଇଲ ମାସ ମାସ ଧରି ପଡ଼ି ରହୁଛି । ଦୁର୍ନୀତି ଓ ଅବହେଳା ଯୋଗୁଁ ଯୋଜନାର ସୁଫଳ ପ୍ରକୃତ ହିତାଧିକାରୀଙ୍କ ପାଖରେ ପହଞ୍ଚୁନାହିଁ । ସ୍ୱଚ୍ଛ ପ୍ରଶାସନ ହିଁ ଏହାର ସମାଧାନ । ସରକାରୀ ବ୍ୟବସ୍ଥାରେ ଥିବା ତ୍ରୁଟି ସାଧାରଣ ଲୋକଙ୍କୁ ହଇରାଣ କରୁଛି । ଅଫିସରେ ଫାଇଲ ମାସ ମାସ ଧରି ପଡ଼ି ରହୁଛି । ଦୁର୍ନୀତି ଓ ଅବହେଳା ଯୋଗୁଁ ଯୋଜନାର ସୁଫଳ ପ୍ରକୃତ ହିତାଧିକାରୀଙ୍କ ପାଖରେ ପହଞ୍ଚୁନାହିଁ । ସ୍ୱଚ୍ଛ ପ୍ରଶାସନ ହିଁ ଏହାର ସମାଧାନ । ସରକାରୀ ବ୍ୟବସ୍ଥାରେ ଥିବା ତ୍ରୁଟି ସାଧାରଣ ଲୋକଙ୍କୁ ହଇରାଣ କରୁଛି । ଅଫିସରେ ଫାଇଲ ମାସ ମାସ ଧରି ପଡ଼ି ରହୁଛି । ଦୁର୍ନୀତି ଓ ଅବହେଳା ଯୋଗୁଁ ଯୋଜନାର ସୁଫଳ ପ୍ରକୃତ ହିତାଧିକାରୀଙ୍କ ପାଖରେ ପହଞ୍ଚୁନାହିଁ । ସ୍ୱଚ୍ଛ ପ୍ରଶାସନ ହିଁ ଏହାର ସମାଧାନ । ସରକାରୀ ବ୍ୟବସ୍ଥାରେ ଥିବା ତ୍ରୁଟି ସାଧାରଣ ଲୋକଙ୍କୁ ହଇରାଣ କରୁଛି । ଅଫିସରେ ଫାଇଲ ମାସ ମାସ ଧରି ପଡ଼ି ରହୁଛି । ଦୁର୍ନୀତି ଓ ଅବହେଳା ଯୋଗୁଁ ଯୋଜନାର ସୁଫଳ ପ୍ରକୃତ ହିତାଧିକାରୀଙ୍କ ପାଖରେ ପହଞ୍ଚୁନାହିଁ । ସ୍ୱଚ୍ଛ ପ୍ରଶାସନ ହିଁ ଏହାର ସମାଧାନ । ସରକାରୀ ବ୍ୟବସ୍ଥାରେ ଥିବା ତ୍ରୁଟି ସାଧାରଣ ଲୋକଙ୍କୁ ହଇରାଣ କରୁଛି । ଅଫିସରେ ଫାଇଲ ମାସ ମାସ ଧରି ପଡ଼ି ରହୁଛି । ଦୁର୍ନୀତି ଓ ଅବହେଳା ଯୋଗୁଁ ଯୋଜନାର ସୁଫଳ ପ୍ରକୃତ ହିତାଧିକାରୀଙ୍କ ପାଖରେ ପହଞ୍ଚୁନାହିଁ । ସ୍ୱଚ୍ଛ ପ୍ରଶାସନ ହିଁ ଏହାର ସମାଧାନ । ସରକାରୀ ବ୍ୟବସ୍ଥାରେ ଥିବା ତ୍ରୁଟି ସାଧାରଣ ଲୋକଙ୍କୁ ହଇରାଣ କରୁଛି । ଅଫିସରେ ଫାଇଲ ମାସ ମାସ ଧରି ପଡ଼ି ରହୁଛି । ଦୁର୍ନୀତି ଓ ଅବହେଳା ଯୋଗୁଁ ଯୋଜନାର ସୁଫଳ ପ୍ରକୃତ ହିତାଧିକାରୀଙ୍କ ପାଖରେ ପହଞ୍ଚୁନାହିଁ । ସ୍ୱଚ୍ଛ ପ୍ରଶାସନ ହିଁ ଏହାର ସମାଧାନ । ସରକାରୀ ବ୍ୟବସ୍ଥାରେ ଥିବା ତ୍ରୁଟି ସାଧାରଣ ଲୋକଙ୍କୁ ହଇରାଣ କରୁଛି । ଅଫିସରେ ଫାଇଲ ମାସ ମାସ ଧରି ପଡ଼ି ରହୁଛି । ଦୁର୍ନୀତି ଓ ଅବହେଳା ଯୋଗୁଁ ଯୋଜନାର ସୁଫଳ ପ୍ରକୃତ ହିତାଧିକାରୀଙ୍କ ପାଖରେ ପହଞ୍ଚୁନାହିଁ । ସ୍ୱଚ୍ଛ ପ୍ରଶାସନ ହିଁ ଏହାର ସମାଧାନ । ସରକାରୀ ବ୍ୟବସ୍ଥାରେ ଥିବା ତ୍ରୁଟି ସାଧାରଣ ଲୋକଙ୍କୁ ହଇରାଣ କରୁଛି । ଅଫିସରେ ଫାଇଲ ମାସ ମାସ ଧରି ପଡ଼ି ରହୁଛି । ଦୁର୍ନୀତି ଓ ଅବହେଳା ଯୋଗୁଁ ଯୋଜନାର ସୁଫଳ ପ୍ରକୃତ ହିତାଧିକାରୀଙ୍କ ପାଖରେ ପହଞ୍ଚୁନାହିଁ । ସ୍ୱଚ୍ଛ ପ୍ରଶାସନ ହିଁ ଏହାର ସମାଧାନ ।
ସରକାରୀ ବ୍ୟବସ୍ଥାରେ ଥିବା ତ୍ରୁଟି ସାଧାରଣ ଲୋକଙ୍କୁ ହଇରାଣ କରୁଛି । ଅଫିସରେ ଫାଇଲ ମାସ ମାସ ଧରି ପଡ଼ି ରହୁଛି । ଦୁର୍ନୀତି ଓ ଅବହେଳା ଯୋଗୁଁ ଯୋଜନାର ସୁଫଳ ପ୍ରକୃତ ହିତାଧିକାରୀଙ୍କ ପାଖରେ ପହଞ୍ଚୁନାହିଁ । ସ୍ୱଚ୍ଛ ପ୍ରଶାସନ ହିଁ ଏହାର ସମାଧାନ । ସରକାରୀ ବ୍ୟବସ୍ଥାରେ ଥିବା ତ୍ରୁଟି ସାଧାରଣ ଲୋକଙ୍କୁ ହଇରାଣ କରୁଛି । ଅଫିସରେ ଫାଇଲ ମାସ ମାସ ଧରି ପଡ଼ି ରହୁଛି । ଦୁର୍ନୀତି ଓ ଅବହେଳା ଯୋଗୁଁ ଯୋଜନାର ସୁଫଳ ପ୍ରକୃତ ହିତାଧିକାରୀଙ୍କ ପାଖରେ ପହଞ୍ଚୁନାହିଁ । ସ୍ୱଚ୍ଛ ପ୍ରଶାସନ ହିଁ ଏହାର ସମାଧାନ । ସରକାରୀ ବ୍ୟବସ୍ଥାରେ ଥିବା ତ୍ରୁଟି ସାଧାରଣ ଲୋକଙ୍କୁ ହଇରାଣ କରୁଛି । ଅଫିସରେ ଫାଇଲ ମାସ ମାସ ଧରି ପଡ଼ି ରହୁଛି । ଦୁର୍ନୀତି ଓ ଅବହେଳା ଯୋଗୁଁ ଯୋଜନାର ସୁଫଳ ପ୍ରକୃତ ହିତାଧିକାରୀଙ୍କ ପାଖରେ ପହଞ୍ଚୁନାହିଁ । ସ୍ୱଚ୍ଛ ପ୍ରଶାସନ ହିଁ ଏହାର ସମାଧାନ । ସରକାରୀ ବ୍ୟବସ୍ଥାରେ ଥିବା ତ୍ରୁଟି ସାଧାରଣ ଲୋକଙ୍କୁ ହଇରାଣ କରୁଛି । ଅଫିସରେ ଫାଇଲ ମାସ ମାସ ଧରି ପଡ଼ି ରହୁଛି । ଦୁର୍ନୀତି ଓ ଅବହେଳା ଯୋଗୁଁ ଯୋଜନାର ସୁଫଳ ପ୍ରକୃତ ହିତାଧିକାରୀଙ୍କ ପାଖରେ ପହଞ୍ଚୁନାହିଁ । ସ୍ୱଚ୍ଛ ପ୍ରଶାସନ ହିଁ ଏହାର ସମାଧାନ । ସରକାରୀ ବ୍ୟବସ୍ଥାରେ ଥିବା ତ୍ରୁଟି ସାଧାରଣ ଲୋକଙ୍କୁ ହଇରାଣ କରୁଛି । ଅଫିସରେ ଫାଇଲ ମାସ ମାସ ଧରି ପଡ଼ି ରହୁଛି । ଦୁର୍ନୀତି ଓ ଅବହେଳା ଯୋଗୁଁ ଯୋଜନାର ସୁଫଳ ପ୍ରକୃତ ହିତାଧିକାରୀଙ୍କ ପାଖରେ ପହଞ୍ଚୁନାହିଁ । ସ୍ୱଚ୍ଛ ପ୍ରଶାସନ ହିଁ ଏହାର ସମାଧାନ । ସରକାରୀ ବ୍ୟବସ୍ଥାରେ ଥିବା ତ୍ରୁଟି ସାଧାରଣ ଲୋକଙ୍କୁ ହଇରାଣ କରୁଛି । ଅଫିସରେ ଫାଇଲ ମାସ ମାସ ଧରି ପଡ଼ି ରହୁଛି । ଦୁର୍ନୀତି ଓ ଅବହେଳା ଯୋଗୁଁ ଯୋଜନାର ସୁଫଳ ପ୍ରକୃତ ହିତାଧିକାରୀଙ୍କ ପାଖରେ ପହଞ୍ଚୁନାହିଁ । ସ୍ୱଚ୍ଛ ପ୍ରଶାସନ ହିଁ ଏହାର ସମାଧାନ । ସରକାରୀ ବ୍ୟବସ୍ଥାରେ ଥିବା ତ୍ରୁଟି ସାଧାରଣ ଲୋକଙ୍କୁ ହଇରାଣ କରୁଛି । ଅଫିସରେ ଫାଇଲ ମାସ ମାସ ଧରି ପଡ଼ି ରହୁଛି । ଦୁର୍ନୀତି ଓ ଅବହେଳା ଯୋଗୁଁ ଯୋଜନାର ସୁଫଳ ପ୍ରକୃତ ହିତାଧିକାରୀଙ୍କ ପାଖରେ ପହଞ୍ଚୁନାହିଁ । ସ୍ୱଚ୍ଛ ପ୍ରଶାସନ ହିଁ ଏହାର ସମାଧାନ । ସରକାରୀ ବ୍ୟବସ୍ଥାରେ ଥିବା ତ୍ରୁଟି ସାଧାରଣ ଲୋକଙ୍କୁ ହଇରାଣ କରୁଛି । ଅଫିସରେ ଫାଇଲ ମାସ ମାସ ଧରି ପଡ଼ି ରହୁଛି । ଦୁର୍ନୀତି ଓ ଅବହେଳା ଯୋଗୁଁ ଯୋଜନାର ସୁଫଳ ପ୍ରକୃତ ହିତାଧିକାରୀଙ୍କ ପାଖରେ ପହଞ୍ଚୁନାହିଁ । ସ୍ୱଚ୍ଛ ପ୍ରଶାସନ ହିଁ ଏହାର ସମାଧାନ ।
ସରକାରୀ ବ୍ୟବସ୍ଥାରେ ଥିବା ତ୍ରୁଟି ସାଧାରଣ ଲୋକଙ୍କୁ ହଇରାଣ କରୁଛି । ଅଫିସରେ ଫାଇଲ ମାସ ମାସ ଧରି ପଡ଼ି ରହୁଛି । ଦୁର୍ନୀତି ଓ ଅବହେଳା ଯୋଗୁଁ ଯୋଜନାର ସୁଫଳ ପ୍ରକୃତ ହିତାଧିକାରୀଙ୍କ ପାଖରେ ପହଞ୍ଚୁନାହିଁ । ସ୍ୱଚ୍ଛ ପ୍ରଶାସନ ହିଁ ଏହାର ସମାଧାନ । ସରକାରୀ ବ୍ୟବସ୍ଥାରେ ଥିବା ତ୍ରୁଟି ସାଧାରଣ ଲୋକଙ୍କୁ ହଇରାଣ କରୁଛି । ଅଫିସରେ ଫାଇଲ ମାସ ମାସ ଧରି ପଡ଼ି ରହୁଛି । ଦୁର୍ନୀତି ଓ ଅବହେଳା ଯୋଗୁଁ ଯୋଜନାର ସୁଫଳ ପ୍ରକୃତ ହିତାଧିକାରୀଙ୍କ ପାଖରେ ପହଞ୍ଚୁନାହିଁ । ସ୍ୱଚ୍ଛ ପ୍ରଶାସନ ହିଁ ଏହାର ସମାଧାନ । ସରକାରୀ ବ୍ୟବସ୍ଥାରେ ଥିବା ତ୍ରୁଟି ସାଧାରଣ ଲୋକଙ୍କୁ ହଇରାଣ କରୁଛି । ଅଫିସରେ ଫାଇଲ ମାସ ମାସ ଧରି ପଡ଼ି ରହୁଛି । ଦୁର୍ନୀତି ଓ ଅବହେଳା ଯୋଗୁଁ ଯୋଜନାର ସୁଫଳ ପ୍ରକୃତ ହିତାଧିକାରୀଙ୍କ ପାଖରେ ପହଞ୍ଚୁନାହିଁ । ସ୍ୱଚ୍ଛ ପ୍ରଶାସନ ହିଁ ଏହାର ସମାଧାନ । ସରକାରୀ ବ୍ୟବସ୍ଥାରେ ଥିବା ତ୍ରୁଟି ସାଧାରଣ ଲୋକଙ୍କୁ ହଇରାଣ କରୁଛି । ଅଫିସରେ ଫାଇଲ ମାସ ମାସ ଧରି ପଡ଼ି ରହୁଛି । ଦୁର୍ନୀତି ଓ ଅବହେଳା ଯୋଗୁଁ ଯୋଜନାର ସୁଫଳ ପ୍ରକୃତ ହିତାଧିକାରୀଙ୍କ ପାଖରେ ପହଞ୍ଚୁନାହିଁ । ସ୍ୱଚ୍ଛ ପ୍ରଶାସନ ହିଁ ଏହାର ସମାଧାନ । ସରକାରୀ ବ୍ୟବସ୍ଥାରେ ଥିବା ତ୍ରୁଟି ସାଧାରଣ ଲୋକଙ୍କୁ ହଇରାଣ କରୁଛି । ଅଫିସରେ ଫାଇଲ ମାସ ମାସ ଧରି ପଡ଼ି ରହୁଛି । ଦୁର୍ନୀତି ଓ ଅବହେଳା ଯୋଗୁଁ ଯୋଜନାର ସୁଫଳ ପ୍ରକୃତ ହିତାଧିକାରୀଙ୍କ ପାଖରେ ପହଞ୍ଚୁନାହିଁ । ସ୍ୱଚ୍ଛ ପ୍ରଶାସନ ହିଁ ଏହାର ସମାଧାନ । ସରକାରୀ ବ୍ୟବସ୍ଥାରେ ଥିବା ତ୍ରୁଟି ସାଧାରଣ ଲୋକଙ୍କୁ ହଇରାଣ କରୁଛି । ଅଫିସରେ ଫାଇଲ ମାସ ମାସ ଧରି ପଡ଼ି ରହୁଛି । ଦୁର୍ନୀତି ଓ ଅବହେଳା ଯୋଗୁଁ ଯୋଜନାର ସୁଫଳ ପ୍ରକୃତ ହିତାଧିକାରୀଙ୍କ ପାଖରେ ପହଞ୍ଚୁନାହିଁ । ସ୍ୱଚ୍ଛ ପ୍ରଶାସନ ହିଁ ଏହାର ସମାଧାନ । ସରକାରୀ ବ୍ୟବସ୍ଥାରେ ଥିବା ତ୍ରୁଟି ସାଧାରଣ ଲୋକଙ୍କୁ ହଇରାଣ କରୁଛି । ଅଫିସରେ ଫାଇଲ ମାସ ମାସ ଧରି ପଡ଼ି ରହୁଛି । ଦୁର୍ନୀତି ଓ ଅବହେଳା ଯୋଗୁଁ ଯୋଜନାର ସୁଫଳ ପ୍ରକୃତ ହିତାଧିକାରୀଙ୍କ ପାଖରେ ପହଞ୍ଚୁନାହିଁ । ସ୍ୱଚ୍ଛ ପ୍ରଶାସନ ହିଁ ଏହାର ସମାଧାନ । ସରକାରୀ ବ୍ୟବସ୍ଥାରେ ଥିବା ତ୍ରୁଟି ସାଧାରଣ ଲୋକଙ୍କୁ ହଇରାଣ କରୁଛି । ଅଫିସରେ ଫାଇଲ ମାସ ମାସ ଧରି ପଡ଼ି ରହୁଛି । ଦୁର୍ନୀତି ଓ ଅବହେଳା ଯୋଗୁଁ ଯୋଜନାର ସୁଫଳ ପ୍ରକୃତ ହିତାଧିକାରୀଙ୍କ ପାଖରେ ପହଞ୍ଚୁନାହିଁ । ସ୍ୱଚ୍ଛ ପ୍ରଶାସନ ହିଁ ଏହାର ସମାଧାନ ।
ସରକାରୀ ବ୍ୟବସ୍ଥାରେ ଥିବା ତ୍ରୁଟି ସାଧାରଣ ଲୋକଙ୍କୁ ହଇରାଣ କରୁଛି । ଅଫିସରେ ଫାଇଲ ମାସ ମାସ ଧରି ପଡ଼ି ରହୁଛି । ଦୁର୍ନୀତି ଓ ଅବହେଳା ଯୋଗୁଁ ଯୋଜନାର ସୁଫଳ ପ୍ରକୃତ ହିତାଧିକାରୀଙ୍କ ପାଖରେ ପହଞ୍ଚୁନାହିଁ । ସ୍ୱଚ୍ଛ ପ୍ରଶାସନ ହିଁ ଏହାର ସମାଧାନ । ସରକାରୀ ବ୍ୟବସ୍ଥାରେ ଥିବା ତ୍ରୁଟି ସାଧାରଣ ଲୋକଙ୍କୁ ହଇରାଣ କରୁଛି । ଅଫିସରେ ଫାଇଲ ମାସ ମାସ ଧରି ପଡ଼ି ରହୁଛି । ଦୁର୍ନୀତି ଓ ଅବହେଳା ଯୋଗୁଁ ଯୋଜନାର ସୁଫଳ ପ୍ରକୃତ ହିତାଧିକାରୀଙ୍କ ପାଖରେ ପହଞ୍ଚୁନାହିଁ । ସ୍ୱଚ୍ଛ ପ୍ରଶାସନ ହିଁ ଏହାର ସମାଧାନ । ସରକାରୀ ବ୍ୟବସ୍ଥାରେ ଥିବା ତ୍ରୁଟି ସାଧାରଣ ଲୋକଙ୍କୁ ହଇରାଣ କରୁଛି । ଅଫିସରେ ଫାଇଲ ମାସ ମାସ ଧରି ପଡ଼ି ରହୁଛି । ଦୁର୍ନୀତି ଓ ଅବହେଳା ଯୋଗୁଁ ଯୋଜନାର ସୁଫଳ ପ୍ରକୃତ ହିତାଧିକାରୀଙ୍କ ପାଖରେ ପହଞ୍ଚୁନାହିଁ । ସ୍ୱଚ୍ଛ ପ୍ରଶାସନ ହିଁ ଏହାର ସମାଧାନ । ସରକାରୀ ବ୍ୟବସ୍ଥାରେ ଥିବା ତ୍ରୁଟି ସାଧାରଣ ଲୋକଙ୍କୁ ହଇରାଣ କରୁଛି । ଅଫିସରେ ଫାଇଲ ମାସ ମାସ ଧରି ପଡ଼ି ରହୁଛି । ଦୁର୍ନୀତି ଓ ଅବହେଳା ଯୋଗୁଁ ଯୋଜନାର ସୁଫଳ ପ୍ରକୃତ ହିତାଧିକାରୀଙ୍କ ପାଖରେ ପହଞ୍ଚୁନାହିଁ । ସ୍ୱଚ୍ଛ ପ୍ରଶାସନ ହିଁ ଏହାର ସମାଧାନ । ସରକାରୀ ବ୍ୟବସ୍ଥାରେ ଥିବା ତ୍ରୁଟି ସାଧାରଣ ଲୋକଙ୍କୁ ହଇରାଣ କରୁଛି । ଅଫିସରେ ଫାଇଲ ମାସ ମାସ ଧରି ପଡ଼ି ରହୁଛି । ଦୁର୍ନୀତି ଓ ଅବହେଳା ଯୋଗୁଁ ଯୋଜନାର ସୁଫଳ ପ୍ରକୃତ ହିତାଧିକାରୀଙ୍କ ପାଖରେ ପହଞ୍ଚୁନାହିଁ । ସ୍ୱଚ୍ଛ ପ୍ରଶାସନ ହିଁ ଏହାର ସମାଧାନ । ସରକାରୀ ବ୍ୟବସ୍ଥାରେ ଥିବା ତ୍ରୁଟି ସାଧାରଣ ଲୋକଙ୍କୁ ହଇରାଣ କରୁଛି । ଅଫିସରେ ଫାଇଲ ମାସ ମାସ ଧରି ପଡ଼ି ରହୁଛି । ଦୁର୍ନୀତି ଓ ଅବହେଳା ଯୋଗୁଁ ଯୋଜନାର ସୁଫଳ ପ୍ରକୃତ ହିତାଧିକାରୀଙ୍କ ପାଖରେ ପହଞ୍ଚୁନାହିଁ । ସ୍ୱଚ୍ଛ ପ୍ରଶାସନ ହିଁ ଏହାର ସମାଧାନ । ସରକାରୀ ବ୍ୟବସ୍ଥାରେ ଥିବା ତ୍ରୁଟି ସାଧାରଣ ଲୋକଙ୍କୁ ହଇରାଣ କରୁଛି । ଅଫିସରେ ଫାଇଲ ମାସ ମାସ ଧରି ପଡ଼ି ରହୁଛି । ଦୁର୍ନୀତି ଓ ଅବହେଳା ଯୋଗୁଁ ଯୋଜନାର ସୁଫଳ ପ୍ରକୃତ ହିତାଧିକାରୀଙ୍କ ପାଖରେ ପହଞ୍ଚୁନାହିଁ । ସ୍ୱଚ୍ଛ ପ୍ରଶାସନ ହିଁ ଏହାର ସମାଧାନ । ସରକାରୀ ବ୍ୟବସ୍ଥାରେ ଥିବା ତ୍ରୁଟି ସାଧାରଣ ଲୋକଙ୍କୁ ହଇରାଣ କରୁଛି । ଅଫିସରେ ଫାଇଲ ମାସ ମାସ ଧରି ପଡ଼ି ରହୁଛି । ଦୁର୍ନୀତି ଓ ଅବହେଳା ଯୋଗୁଁ ଯୋଜନାର ସୁଫଳ ପ୍ରକୃତ ହିତାଧିକାରୀଙ୍କ ପାଖରେ ପହଞ୍ଚୁନାହିଁ । ସ୍ୱଚ୍ଛ ପ୍ରଶାସନ ହିଁ ଏହାର ସମାଧାନ ।
- ଜଣେ ଅବସରପ୍ରାପ୍ତ ଶିକ୍ଷକ
ମୋ : ୯୪୩୭୦୯୬୨୫୩
ଅଦ୍ଭୁତ ଶକ୍ତିର ଉତ୍ସ ମନ
ଡକ୍ଟର ମନୋରଞ୍ଜନ ଦାସ
ମଣିଷର ମନ ହେଉଛି ଅଦ୍ଭୁତ ଶକ୍ତିର ଉତ୍ସ । ମନକୁ ନିୟନ୍ତ୍ରଣ କରିପାରିଲେ ମଣିଷ ଜୀବନରେ ସବୁ ଲକ୍ଷ୍ୟ ହାସଲ କରିପାରେ । ଧ୍ୟାନ ଓ ଯୋଗ ମନକୁ ଶାନ୍ତ ରଖିବାରେ ସାହାଯ୍ୟ କରେ । ସକାରାତ୍ମକ ଚିନ୍ତାଧାରା ଜୀବନକୁ ସୁନ୍ଦର କରେ ଓ ନକାରାତ୍ମକ ଭାବନା ଆମକୁ ପଛକୁ ଟାଣିନିଏ । ମଣିଷର ମନ ହେଉଛି ଅଦ୍ଭୁତ ଶକ୍ତିର ଉତ୍ସ । ମନକୁ ନିୟନ୍ତ୍ରଣ କରିପାରିଲେ ମଣିଷ ଜୀବନରେ ସବୁ ଲକ୍ଷ୍ୟ ହାସଲ କରିପାରେ । ଧ୍ୟାନ ଓ ଯୋଗ ମନକୁ ଶାନ୍ତ ରଖିବାରେ ସାହାଯ୍ୟ କରେ । ସକାରାତ୍ମକ ଚିନ୍ତାଧାରା ଜୀବନକୁ ସୁନ୍ଦର କରେ ଓ ନକାରାତ୍ମକ ଭାବନା ଆମକୁ ପଛକୁ ଟାଣିନିଏ । ମଣିଷର ମନ ହେଉଛି ଅଦ୍ଭୁତ ଶକ୍ତିର ଉତ୍ସ । ମନକୁ ନିୟନ୍ତ୍ରଣ କରିପାରିଲେ ମଣିଷ ଜୀବନରେ ସବୁ ଲକ୍ଷ୍ୟ ହାସଲ କରିପାରେ । ଧ୍ୟାନ ଓ ଯୋଗ ମନକୁ ଶାନ୍ତ ରଖିବାରେ ସାହାଯ୍ୟ କରେ । ସକାରାତ୍ମକ ଚିନ୍ତାଧାରା ଜୀବନକୁ ସୁନ୍ଦର କରେ ଓ ନକାରାତ୍ମକ ଭାବନା ଆମକୁ ପଛକୁ ଟାଣିନିଏ । ମଣିଷର ମନ ହେଉଛି ଅଦ୍ଭୁତ ଶକ୍ତିର ଉତ୍ସ । ମନକୁ ନିୟନ୍ତ୍ରଣ କରିପାରିଲେ ମଣିଷ ଜୀବନରେ ସବୁ ଲକ୍ଷ୍ୟ ହାସଲ କରିପାରେ । ଧ୍ୟାନ ଓ ଯୋଗ ମନକୁ ଶାନ୍ତ ରଖିବାରେ ସାହାଯ୍ୟ କରେ । ସକାରାତ୍ମକ ଚିନ୍ତାଧାରା ଜୀବନକୁ ସୁନ୍ଦର କରେ ଓ ନକାରାତ୍ମକ ଭାବନା ଆମକୁ ପଛକୁ ଟାଣିନିଏ । ମଣିଷର ମନ ହେଉଛି ଅଦ୍ଭୁତ ଶକ୍ତିର ଉତ୍ସ । ମନକୁ ନିୟନ୍ତ୍ରଣ କରିପାରିଲେ ମଣିଷ ଜୀବନରେ ସବୁ ଲକ୍ଷ୍ୟ ହାସଲ କରିପାରେ । ଧ୍ୟାନ ଓ ଯୋଗ ମନକୁ ଶାନ୍ତ ରଖିବାରେ ସାହାଯ୍ୟ କରେ । ସକାରାତ୍ମକ ଚିନ୍ତାଧାରା ଜୀବନକୁ ସୁନ୍ଦର କରେ ଓ ନକାରାତ୍ମକ ଭାବନା ଆମକୁ ପଛକୁ ଟାଣିନିଏ । ମ
ମଣିଷର ମନ ହେଉଛି ଅଦ୍ଭୁତ ଶକ୍ତିର ଉତ୍ସ । ମନକୁ ନିୟନ୍ତ୍ରଣ କରିପାରିଲେ ମଣିଷ ଜୀବନରେ ସବୁ ଲକ୍ଷ୍ୟ ହାସଲ କରିପାରେ । ଧ୍ୟାନ ଓ ଯୋଗ ମନକୁ ଶାନ୍ତ ରଖିବାରେ ସାହାଯ୍ୟ କରେ । ସକାରାତ୍ମକ ଚିନ୍ତାଧାରା ଜୀବନକୁ ସୁନ୍ଦର କରେ ଓ ନକାରାତ୍ମକ ଭାବନା ଆମକୁ ପଛକୁ ଟାଣିନିଏ । ମଣିଷର ମନ ହେଉଛି ଅଦ୍ଭୁତ ଶକ୍ତିର ଉତ୍ସ । ମନକୁ ନିୟନ୍ତ୍ରଣ କରିପାରିଲେ ମଣିଷ ଜୀବନରେ ସବୁ ଲକ୍ଷ୍ୟ ହାସଲ କରିପାରେ । ଧ୍ୟାନ ଓ ଯୋଗ ମନକୁ ଶାନ୍ତ ରଖିବାରେ ସାହାଯ୍ୟ କରେ । ସକାରାତ୍ମକ ଚିନ୍ତାଧାରା ଜୀବନକୁ ସୁନ୍ଦର କରେ ଓ ନକାରାତ୍ମକ ଭାବନା ଆମକୁ ପଛକୁ ଟାଣିନିଏ । ମଣିଷର ମନ ହେଉଛି ଅଦ୍ଭୁତ ଶକ୍ତିର ଉତ୍ସ । ମନକୁ ନିୟନ୍ତ୍ରଣ କରିପାରିଲେ ମଣିଷ ଜୀବନରେ ସବୁ ଲକ୍ଷ୍ୟ ହାସଲ କରିପାରେ । ଧ୍ୟାନ ଓ ଯୋଗ ମନକୁ ଶାନ୍ତ ରଖିବାରେ ସାହାଯ୍ୟ କରେ । ସକାରାତ୍ମକ ଚିନ୍ତାଧାରା ଜୀବନକୁ ସୁନ୍ଦର କରେ ଓ ନକାରାତ୍ମକ ଭାବନା ଆମକୁ ପଛକୁ ଟାଣିନିଏ । ମଣିଷର ମନ ହେଉଛି ଅଦ୍ଭୁତ ଶକ୍ତିର ଉତ୍ସ । ମନକୁ ନିୟନ୍ତ୍ରଣ କରିପାରିଲେ ମଣିଷ ଜୀବନରେ ସବୁ ଲକ୍ଷ୍ୟ ହାସଲ କରିପାରେ । ଧ୍ୟାନ ଓ ଯୋଗ ମନକୁ ଶାନ୍ତ ରଖିବାରେ ସାହାଯ୍ୟ କରେ । ସକାରାତ୍ମକ ଚିନ୍ତାଧାରା ଜୀବନକୁ ସୁନ୍ଦର କରେ ଓ ନକାରାତ୍ମକ ଭାବନା ଆମକୁ ପଛକୁ ଟାଣିନିଏ । ମଣିଷର ମନ ହେଉଛି ଅଦ୍ଭୁତ ଶକ୍ତିର ଉତ୍ସ । ମନକୁ ନିୟନ୍ତ୍ରଣ କରିପାରିଲେ ମଣିଷ ଜୀବନରେ ସବୁ ଲକ୍ଷ୍ୟ ହାସଲ କରିପାରେ । ଧ୍ୟାନ ଓ ଯୋଗ ମନକୁ ଶାନ୍ତ ରଖିବାରେ ସାହାଯ୍ୟ କରେ । ସକାରାତ୍ମକ ଚିନ୍ତାଧାରା ଜୀବନକୁ ସୁନ୍ଦର କରେ ଓ ନକାରାତ୍ମକ ଭାବନା ଆମକୁ ପଛକୁ ଟାଣିନିଏ । ମଣିଷର ମନ ହେଉଛି ଅଦ୍ଭୁତ ଶକ୍ତିର ଉତ୍ସ । ମନକୁ ନିୟନ୍ତ୍ରଣ କରିପାରିଲେ ମଣିଷ ଜୀବନରେ ସବୁ ଲକ୍ଷ୍ୟ ହାସଲ କରିପାରେ । ଧ୍ୟାନ ଓ ଯୋଗ ମନକୁ ଶାନ୍ତ ରଖିବାରେ ସାହାଯ୍ୟ କରେ । ସକାରାତ୍ମକ ଚିନ୍ତାଧାରା ଜୀବନକୁ ସୁନ୍ଦର କରେ ଓ ନକାରାତ୍ମକ ଭାବନା ଆମକୁ ପଛକୁ ଟାଣିନିଏ । ମଣିଷର ମନ ହେଉଛି ଅଦ୍ଭୁତ ଶକ୍ତିର ଉତ୍ସ । ମନକୁ ନିୟନ୍ତ୍ରଣ କରିପାରିଲେ ମଣିଷ ଜୀବନରେ ସବୁ ଲକ୍ଷ୍ୟ ହାସଲ କରିପାରେ । ଧ୍ୟାନ ଓ ଯୋଗ ମନକୁ ଶାନ୍ତ ରଖିବାରେ ସାହାଯ୍ୟ କରେ । ସକାରାତ୍ମକ ଚିନ୍ତାଧାରା ଜୀବନକୁ ସୁନ୍ଦର କରେ ଓ ନକାରାତ୍ମକ ଭାବନା ଆମକୁ ପଛକୁ ଟାଣିନିଏ । ମଣିଷର ମନ ହେଉଛି ଅଦ୍ଭୁତ ଶକ୍ତିର ଉତ୍ସ । ମନକୁ ନିୟନ୍ତ୍ରଣ କରିପାରିଲେ ମଣିଷ ଜୀବନରେ ସବୁ ଲକ୍ଷ୍ୟ ହାସଲ କରିପାରେ । ଧ୍ୟାନ ଓ ଯୋଗ ମନକୁ ଶାନ୍ତ ରଖିବାରେ ସାହାଯ୍ୟ କରେ । ସକାରାତ୍ମକ ଚିନ୍ତାଧାରା ଜୀବନକୁ ସୁନ୍ଦର କରେ ଓ ନକାରାତ୍ମକ ଭାବନା ଆମକୁ ପଛକୁ ଟାଣିନିଏ ।
- ସ୍ୱାମୀ ବିବେକାନନ୍ଦ
ମୋ : ୯୪୩୭୦୧୬୯୦୭
ସହଯୋଗ
ସରକାରୀ ବ୍ୟବସ୍ଥାରେ ଥିବା ତ୍ରୁଟି ସାଧାରଣ ଲୋକଙ୍କୁ ହଇରାଣ କରୁଛି । ଅଫିସରେ ଫାଇଲ ମାସ ମାସ ଧରି ପଡ଼ି ରହୁଛି । ଦୁର୍ନୀତି ଓ ଅବହେଳା ଯୋଗୁଁ ଯୋଜନାର ସୁଫଳ ପ୍ରକୃତ ହିତାଧିକାରୀଙ୍କ ପାଖରେ ପହଞ୍ଚୁନାହିଁ । ସ୍ୱଚ୍ଛ ପ୍ରଶାସନ ହିଁ ଏହାର ସମାଧାନ । ସରକାରୀ ବ୍ୟବସ୍ଥାରେ ଥିବା ତ୍ରୁଟି ସାଧାରଣ ଲୋକଙ୍କୁ ହଇରାଣ କରୁଛି । ଅଫିସରେ ଫାଇଲ ମାସ ମାସ ଧରି ପଡ଼ି ରହୁଛି । ଦୁର୍ନୀତି ଓ ଅବହେଳା ଯୋଗୁଁ ଯୋଜନାର ସୁଫଳ ପ୍ରକୃତ ହିତାଧିକାରୀଙ୍କ ପାଖରେ ପହଞ୍ଚୁନାହିଁ । ସ୍ୱଚ୍ଛ ପ୍ରଶାସନ ହିଁ ଏହାର ସମାଧାନ । ସରକାରୀ ବ୍ୟବସ୍ଥାରେ ଥିବା ତ୍ରୁଟି ସାଧାରଣ ଲୋକଙ୍କୁ ହଇରାଣ କରୁଛି । ଅଫିସରେ ଫାଇଲ ମାସ ମାସ ଧରି ପଡ଼ି ରହୁଛି । ଦୁର୍ନୀତି ଓ ଅବହେଳା ଯୋଗୁଁ ଯୋଜନାର ସୁଫଳ ପ୍ରକୃତ ହିତାଧିକାରୀଙ୍କ ପାଖରେ ପହଞ୍ଚୁନାହିଁ । ସ୍ୱଚ୍ଛ ପ୍ରଶାସନ ହିଁ ଏହାର ସମାଧାନ । ସରକାରୀ ବ୍ୟବସ୍ଥାରେ ଥିବା ତ୍ରୁଟି ସାଧାରଣ ଲୋକଙ୍କୁ ହଇରାଣ କରୁଛି । ଅଫିସରେ ଫାଇଲ ମାସ ମାସ ଧରି ପଡ଼ି ରହୁଛି । ଦୁର୍ନୀତି ଓ ଅବହେଳା ଯୋଗୁଁ ଯୋଜନାର ସୁଫଳ ପ୍ରକୃତ ହିତାଧିକାରୀଙ୍କ ପାଖରେ ପହଞ୍ଚୁନାହିଁ । ସ୍ୱଚ୍ଛ ପ୍ରଶାସନ ହିଁ ଏହାର ସମାଧାନ । ସରକାରୀ ବ୍ୟବସ୍ଥାରେ ଥିବା ତ୍ରୁଟି ସାଧାରଣ ଲୋକଙ୍କୁ ହଇରାଣ କରୁଛି । ଅଫିସରେ ଫାଇଲ ମାସ ମାସ ଧରି ପଡ଼ି ରହୁଛି । ଦୁର୍ନୀତି ଓ ଅବହେଳା ଯୋଗୁଁ ଯୋଜନାର ସୁଫଳ ପ୍ରକୃତ ହିତାଧିକାରୀଙ୍କ ପାଖରେ ପହଞ୍ଚୁନାହିଁ । ସ୍ୱଚ୍ଛ ପ୍ରଶାସନ ହିଁ ଏହାର ସମାଧାନ । ସରକାରୀ ବ୍ୟବସ୍ଥାରେ ଥିବା ତ୍ରୁଟି ସାଧାରଣ ଲୋକଙ୍କୁ ହଇରାଣ କରୁଛି । ଅଫିସରେ ଫାଇଲ ମାସ ମାସ ଧରି ପଡ଼ି ରହୁଛି । ଦୁର୍ନୀତି ଓ ଅବହେଳା ଯୋଗୁଁ ଯୋଜନାର ସୁଫଳ ପ୍ରକୃତ ହିତାଧିକାରୀଙ୍କ ପାଖରେ ପହଞ୍ଚୁନାହିଁ । ସ୍ୱଚ୍ଛ ପ୍ରଶାସନ ହିଁ ଏହାର ସମାଧାନ । ସରକାରୀ ବ୍ୟବସ୍ଥାରେ ଥିବା ତ୍ରୁଟି ସାଧାରଣ ଲୋକଙ୍କୁ ହଇରାଣ କରୁଛି । ଅଫିସରେ ଫାଇଲ ମାସ ମାସ ଧରି ପଡ଼ି ରହୁଛି । ଦୁର୍ନୀତି ଓ ଅବହେଳା ଯୋଗୁଁ ଯୋଜନାର ସୁଫଳ ପ୍ରକୃତ ହିତାଧିକାରୀଙ୍କ ପାଖରେ ପହଞ୍ଚୁନାହିଁ । ସ୍ୱଚ୍ଛ ପ୍ରଶାସନ ହିଁ ଏହାର ସମାଧାନ । ସରକାରୀ ବ୍ୟବସ୍ଥାରେ ଥିବା ତ୍ରୁଟି ସାଧାରଣ ଲୋକଙ୍କୁ ହଇରାଣ କରୁଛି । ଅଫିସରେ ଫାଇଲ ମାସ ମାସ ଧରି ପଡ଼ି ରହୁଛି । ଦୁର୍ନୀତି ଓ ଅବହେଳା ଯୋଗୁଁ ଯୋଜନାର ସୁଫଳ ପ୍ରକୃତ ହିତାଧିକାରୀଙ୍କ ପାଖରେ ପହଞ୍ଚୁନାହିଁ । ସ୍ୱଚ୍ଛ ପ୍ରଶାସନ ହିଁ ଏହାର ସମାଧାନ ।
ସାଧାରଣ ଦର୍ଶକଙ୍କ ପାଇଁ ଖୋଲିଲା ପୁରୁଣା ସ୍ମାରକୀ
ଓଡ଼ିଶାର ଆତିଥ୍ୟ ପରମ୍ପରା ବହୁ ପୁରୁଣା । ଅତିଥି ଦେବୋ ଭବ ଏହି ମନ୍ତ୍ର ଆମ ସଂସ୍କୃତିର ମୂଳ ଭିତ୍ତି । ଗାଁ ଗହଳିରେ ଆଜି ବି ଘରକୁ ଆସିଥିବା ଅତିଥିଙ୍କୁ ଜଳପାନ ଦେଇ ସ୍ୱାଗତ କରାଯାଏ । କିନ୍ତୁ ସହରୀକରଣ ଓ ଆଧୁନିକ ଜୀବନଶୈଳୀ ଏହି ପରମ୍ପରାକୁ ଧୀରେ ଧୀରେ ପ୍ରଭାବିତ କରୁଛି । ପରିବାରର ସଦସ୍ୟମାନେ ନିଜ ନିଜ କାମରେ ବ୍ୟସ୍ତ ରହୁଥିବାରୁ ଅତିଥି ସତ୍କାର ପାଇଁ ସମୟ ମିଳୁନାହିଁ । ଏହାକୁ ସଂରକ୍ଷଣ କରିବା ଆମ ସମସ୍ତଙ୍କର ଦାୟିତ୍ୱ । ଓଡ଼ିଶାର ଆତିଥ୍ୟ ପରମ୍ପରା ବହୁ ପୁରୁଣା । ଅତିଥି ଦେବୋ ଭବ ଏହି ମନ୍ତ୍ର ଆମ ସଂସ୍କୃତିର ମୂଳ ଭିତ୍ତି । ଗାଁ ଗହଳିରେ ଆଜି ବି ଘରକୁ ଆସିଥିବା ଅତିଥିଙ୍କୁ ଜଳପାନ ଦେଇ ସ୍ୱାଗତ କରାଯାଏ । କିନ୍ତୁ ସହରୀକରଣ ଓ ଆଧୁନିକ ଜୀବନଶୈଳୀ ଏହି ପରମ୍ପରାକୁ ଧୀରେ ଧୀରେ ପ୍ରଭାବିତ କରୁଛି । ପରିବାରର ସଦସ୍ୟମାନେ ନିଜ ନିଜ କାମରେ ବ୍ୟସ୍ତ ରହୁଥିବାରୁ ଅତିଥି ସତ୍କାର ପାଇଁ ସମୟ ମିଳୁନାହିଁ । ଏହାକୁ ସଂରକ୍ଷଣ କରିବା ଆମ ସମସ୍ତଙ୍କର ଦାୟିତ୍ୱ । ଓଡ଼ିଶାର ଆତିଥ୍ୟ ପରମ୍ପରା ବହୁ ପୁରୁଣା । ଅତିଥି ଦେବୋ ଭବ ଏହି ମନ୍ତ୍ର ଆମ ସଂସ୍କୃତିର ମୂଳ ଭିତ୍ତି । ଗାଁ ଗହଳିରେ ଆଜି ବି ଘରକୁ ଆସିଥିବା ଅତିଥିଙ୍କୁ ଜଳପାନ ଦେଇ ସ୍ୱାଗତ କରାଯାଏ । କିନ୍ତୁ ସହରୀକରଣ ଓ ଆଧୁନିକ ଜୀବନଶୈଳୀ ଏହି ପରମ୍ପରାକୁ ଧୀରେ ଧୀରେ ପ୍ରଭାବିତ କରୁଛି । ପରିବାରର ସଦସ୍ୟମାନେ ନିଜ ନିଜ କାମରେ ବ୍ୟସ୍ତ ରହୁଥିବାରୁ ଅତିଥି ସତ୍କାର ପାଇଁ ସମୟ ମିଳୁନାହିଁ । ଏହାକୁ ସଂରକ୍ଷଣ କରିବା ଆମ ସମସ୍ତଙ୍କର ଦାୟିତ୍ୱ । ଓଡ଼ିଶାର ଆତିଥ୍ୟ ପରମ୍ପରା ବହୁ ପୁରୁଣା । ଅତିଥି ଦେବୋ ଭବ ଏହି ମନ୍ତ୍ର ଆମ ସଂସ୍କୃତିର ମୂଳ ଭିତ୍ତି । ଗାଁ ଗହଳିରେ ଆଜି ବି ଘରକୁ ଆସିଥିବା ଅତିଥିଙ୍କୁ ଜଳପାନ ଦେଇ ସ୍ୱାଗତ କରାଯାଏ । କିନ୍ତୁ ସହରୀକରଣ ଓ ଆଧୁନିକ ଜୀବନଶୈଳୀ ଏହି ପରମ୍ପରାକୁ ଧୀରେ ଧୀରେ ପ୍ରଭାବିତ କରୁଛି । ପରିବାରର ସଦସ୍ୟମାନେ ନିଜ ନିଜ କାମରେ ବ୍ୟସ୍ତ ରହୁଥିବାରୁ ଅତିଥି ସତ୍କାର ପାଇଁ ସମୟ ମିଳୁନାହିଁ । ଏହାକୁ ସଂରକ୍ଷଣ କରିବା ଆମ ସମସ୍ତଙ୍କର ଦାୟିତ୍ୱ । ଓଡ଼ିଶାର ଆତିଥ୍ୟ ପରମ୍ପରା ବହୁ ପୁରୁଣା । ଅତିଥି ଦେବୋ ଭବ ଏହି ମନ୍ତ୍ର ଆମ ସଂସ୍କୃତିର ମୂଳ ଭିତ୍ତି । ଗାଁ ଗହଳିରେ ଆଜି ବି ଘରକୁ ଆସିଥିବା ଅତିଥିଙ୍କୁ ଜଳପାନ ଦେଇ ସ୍ୱାଗତ କରାଯାଏ । କିନ୍ତୁ ସହରୀକରଣ ଓ ଆଧୁନିକ ଜୀବନଶୈଳୀ ଏହି ପରମ୍ପରାକୁ ଧୀରେ ଧୀରେ ପ୍ରଭାବିତ କରୁଛି । ପରିବାରର ସଦସ୍ୟମାନେ ନିଜ ନିଜ କାମରେ ବ୍ୟସ୍ତ ରହୁଥିବାରୁ ଅତିଥି ସତ୍କାର ପାଇଁ ସମୟ ମିଳୁନାହିଁ । ଏହାକୁ ସଂରକ୍ଷଣ କରିବା ଆମ ସମସ୍ତଙ୍କର ଦାୟିତ୍ୱ । ଓଡ଼ିଶାର ଆତିଥ୍ୟ ପରମ୍ପରା ବହୁ ପୁରୁଣା । ଅତିଥି ଦେବୋ ଭବ ଏହି ମନ୍ତ୍ର ଆମ ସଂସ୍କୃତିର ମୂଳ ଭିତ୍ତି । ଗାଁ ଗହଳିରେ ଆଜି ବି ଘରକୁ ଆସିଥିବା ଅତିଥିଙ୍କୁ ଜଳପାନ ଦେଇ ସ୍ୱାଗତ କରାଯାଏ । କିନ୍ତୁ ସହରୀକରଣ ଓ ଆଧୁନିକ ଜୀବନଶୈଳୀ ଏହି ପରମ୍ପରାକୁ ଧୀରେ ଧୀରେ ପ୍ରଭାବିତ କରୁଛି । ପରିବାରର ସଦସ୍ୟମାନେ ନିଜ ନିଜ କାମରେ ବ୍ୟସ୍ତ ରହୁଥିବାରୁ ଅତିଥି ସତ୍କାର ପାଇଁ ସମୟ ମିଳୁନାହିଁ । ଏହାକୁ ସଂରକ୍ଷଣ କରିବା ଆମ ସମସ୍ତଙ୍କର ଦାୟିତ୍ୱ । ଓଡ଼ିଶାର ଆତିଥ୍ୟ ପରମ୍ପରା ବହୁ ପୁରୁଣା । ଅତିଥି ଦେବୋ ଭବ ଏହି ମନ୍ତ୍ର ଆମ ସଂସ୍କୃତିର ମୂଳ ଭିତ୍ତି । ଗାଁ ଗହଳିରେ ଆଜି ବି ଘରକୁ ଆସିଥିବା ଅତିଥିଙ୍କୁ ଜଳପାନ ଦେଇ ସ୍ୱାଗତ କରାଯାଏ । କିନ୍ତୁ ସହରୀକରଣ ଓ ଆଧୁନିକ ଜୀବନଶୈଳୀ ଏହି ପରମ୍ପରାକୁ ଧୀରେ ଧୀରେ ପ୍ରଭାବିତ କରୁଛି । ପରିବାରର ସଦସ୍ୟମାନେ ନିଜ ନିଜ କାମରେ ବ୍ୟସ୍ତ ରହୁଥିବାରୁ ଅତିଥି ସତ୍କାର ପାଇଁ ସମୟ ମିଳୁନାହିଁ । ଏହାକୁ ସଂରକ୍ଷଣ କରିବା ଆମ ସମସ୍ତଙ୍କର ଦାୟିତ୍ୱ । ଓଡ଼ିଶାର ଆତିଥ୍ୟ ପରମ୍ପରା ବହୁ ପୁରୁଣା । ଅତିଥି ଦେବୋ ଭବ ଏହି ମନ୍ତ୍ର ଆମ ସଂସ୍କୃତିର ମୂଳ ଭିତ୍ତି । ଗାଁ ଗହଳିରେ ଆଜି ବି ଘରକୁ ଆସିଥିବା ଅତିଥିଙ୍କୁ ଜଳପାନ ଦେଇ ସ୍ୱାଗତ କରାଯାଏ । କିନ୍ତୁ ସହରୀକରଣ ଓ ଆଧୁନିକ ଜୀବନଶୈଳୀ ଏହି ପରମ୍ପରାକୁ ଧୀରେ ଧୀରେ ପ୍ରଭାବିତ କରୁଛି । ପରିବାରର ସଦସ୍ୟମାନେ ନିଜ ନିଜ କାମରେ ବ୍ୟସ୍ତ ରହୁଥିବାରୁ ଅତିଥି ସତ୍କାର ପାଇଁ ସମୟ ମିଳୁନାହିଁ । ଏହାକୁ ସଂରକ୍ଷଣ କରିବା ଆମ ସମସ୍ତଙ୍କର ଦାୟିତ୍ୱ ।
ଏହି ସ୍ତମ୍ଭରେ ପ୍ରକାଶିତ ଲେଖକମାନଙ୍କର ବିଚାର ସେମାନଙ୍କର ନିଜସ୍ୱ
ପ୍ରଗତିବାଦୀ ପ୍ରକାଶନ, ଭୁବନେଶ୍ୱରରୁ ପ୍ରକାଶିତ ଓ ମୁଦ୍ରିତ
